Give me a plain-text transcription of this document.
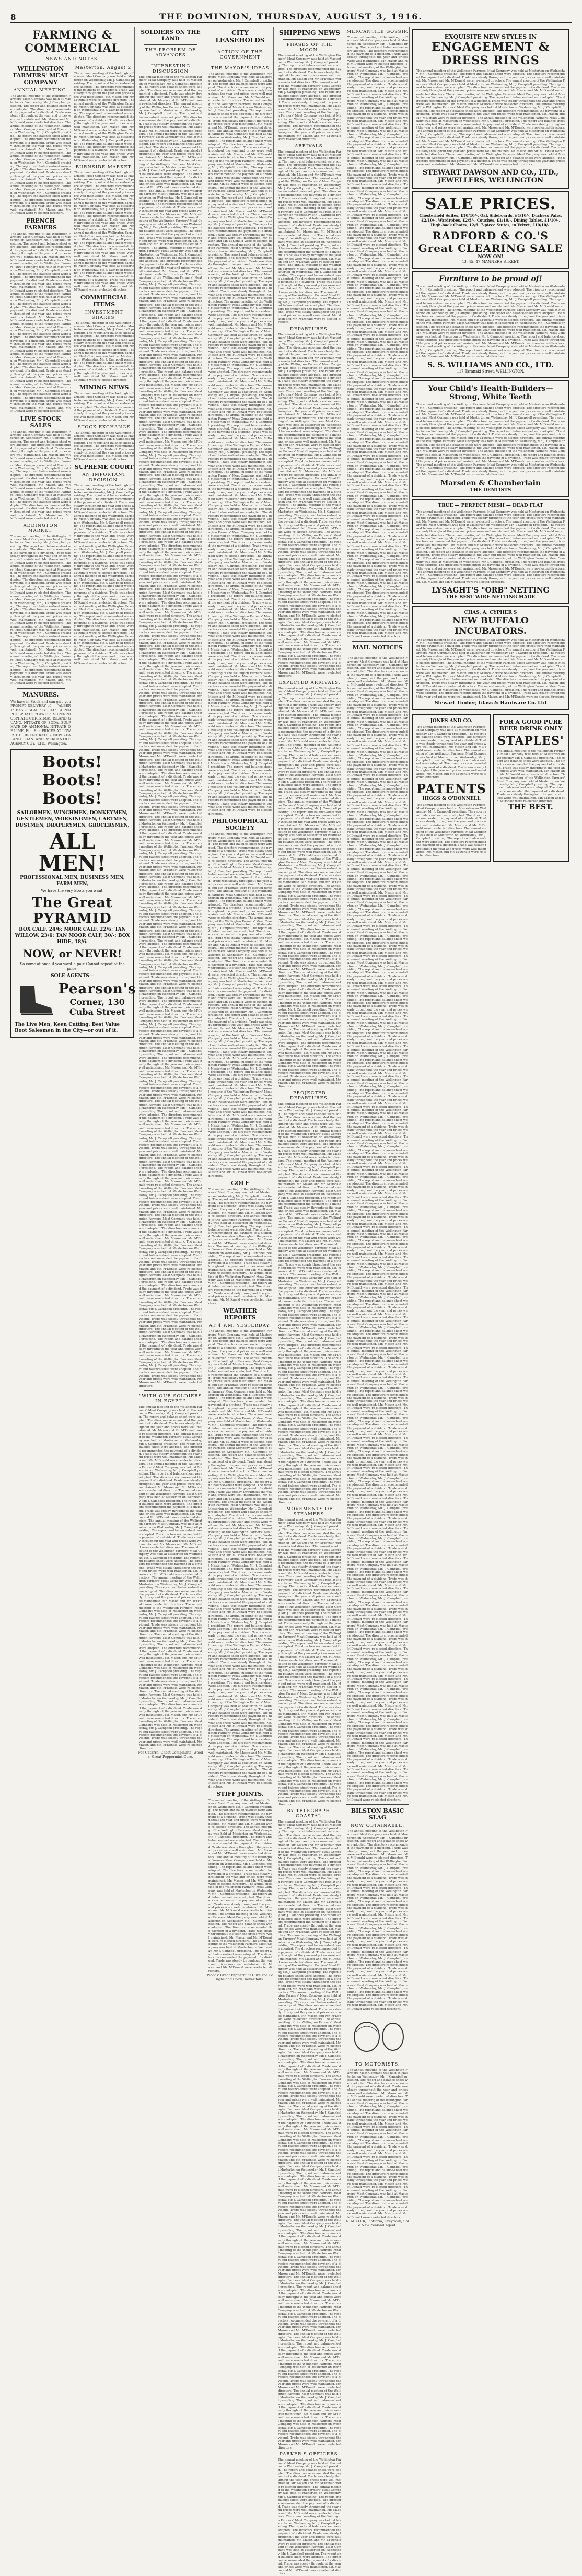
8	THE DOMINION, THURSDAY, AUGUST 3, 1916.
FARMING & COMMERCIAL
NEWS AND NOTES.
WELLINGTON FARMERS' MEAT COMPANY
ANNUAL MEETING.
The annual meeting of the Wellington Farmers' Meat Company was held at Masterton on Wednesday, Mr. J. Campbell presiding. The report and balance-sheet were adopted. The directors recommended the payment of a dividend. Trade was steady throughout the year and prices were well maintained. Mr. Mason and Mr. M'Donald were re-elected directors. The annual meeting of the Wellington Farmers' Meat Company was held at Masterton on Wednesday, Mr. J. Campbell presiding. The report and balance-sheet were adopted. The directors recommended the payment of a dividend. Trade was steady throughout the year and prices were well maintained. Mr. Mason and Mr. M'Donald were re-elected directors. The annual meeting of the Wellington Farmers' Meat Company was held at Masterton on Wednesday, Mr. J. Campbell presiding. The report and balance-sheet were adopted. The directors recommended the payment of a dividend. Trade was steady throughout the year and prices were well maintained. Mr. Mason and Mr. M'Donald were re-elected directors. The annual meeting of the Wellington Farmers' Meat Company was held at Masterton on Wednesday, Mr. J. Campbell presiding. The report and balance-sheet were adopted. The directors recommended the payment of a dividend. Trade was steady throughout the year and prices were well maintained. Mr. Mason and Mr. M'Donald were re-elected directors.
FRENCH FARMERS
The annual meeting of the Wellington Farmers' Meat Company was held at Masterton on Wednesday, Mr. J. Campbell presiding. The report and balance-sheet were adopted. The directors recommended the payment of a dividend. Trade was steady throughout the year and prices were well maintained. Mr. Mason and Mr. M'Donald were re-elected directors. The annual meeting of the Wellington Farmers' Meat Company was held at Masterton on Wednesday, Mr. J. Campbell presiding. The report and balance-sheet were adopted. The directors recommended the payment of a dividend. Trade was steady throughout the year and prices were well maintained. Mr. Mason and Mr. M'Donald were re-elected directors. The annual meeting of the Wellington Farmers' Meat Company was held at Masterton on Wednesday, Mr. J. Campbell presiding. The report and balance-sheet were adopted. The directors recommended the payment of a dividend. Trade was steady throughout the year and prices were well maintained. Mr. Mason and Mr. M'Donald were re-elected directors. The annual meeting of the Wellington Farmers' Meat Company was held at Masterton on Wednesday, Mr. J. Campbell presiding. The report and balance-sheet were adopted. The directors recommended the payment of a dividend. Trade was steady throughout the year and prices were well maintained. Mr. Mason and Mr. M'Donald were re-elected directors. The annual meeting of the Wellington Farmers' Meat Company was held at Masterton on Wednesday, Mr. J. Campbell presiding. The report and balance-sheet were adopted. The directors recommended the payment of a dividend. Trade was steady throughout the year and prices were well maintained. Mr. Mason and Mr. M'Donald were re-elected directors. The annual meeting of the Wellington Farmers' Meat Company was held at Masterton on Wednesday, Mr. J. Campbell presiding. The report and balance-sheet were adopted. The directors recommended the payment of a dividend. Trade was steady throughout the year and prices were well maintained. Mr. Mason and Mr. M'Donald were re-elected directors.
LIVE STOCK SALES
The annual meeting of the Wellington Farmers' Meat Company was held at Masterton on Wednesday, Mr. J. Campbell presiding. The report and balance-sheet were adopted. The directors recommended the payment of a dividend. Trade was steady throughout the year and prices were well maintained. Mr. Mason and Mr. M'Donald were re-elected directors. The annual meeting of the Wellington Farmers' Meat Company was held at Masterton on Wednesday, Mr. J. Campbell presiding. The report and balance-sheet were adopted. The directors recommended the payment of a dividend. Trade was steady throughout the year and prices were well maintained. Mr. Mason and Mr. M'Donald were re-elected directors. The annual meeting of the Wellington Farmers' Meat Company was held at Masterton on Wednesday, Mr. J. Campbell presiding. The report and balance-sheet were adopted. The directors recommended the payment of a dividend. Trade was steady throughout the year and prices were well maintained. Mr. Mason and Mr. M'Donald were re-elected directors.
ADDINGTON MARKET.
The annual meeting of the Wellington Farmers' Meat Company was held at Masterton on Wednesday, Mr. J. Campbell presiding. The report and balance-sheet were adopted. The directors recommended the payment of a dividend. Trade was steady throughout the year and prices were well maintained. Mr. Mason and Mr. M'Donald were re-elected directors. The annual meeting of the Wellington Farmers' Meat Company was held at Masterton on Wednesday, Mr. J. Campbell presiding. The report and balance-sheet were adopted. The directors recommended the payment of a dividend. Trade was steady throughout the year and prices were well maintained. Mr. Mason and Mr. M'Donald were re-elected directors. The annual meeting of the Wellington Farmers' Meat Company was held at Masterton on Wednesday, Mr. J. Campbell presiding. The report and balance-sheet were adopted. The directors recommended the payment of a dividend. Trade was steady throughout the year and prices were well maintained. Mr. Mason and Mr. M'Donald were re-elected directors. The annual meeting of the Wellington Farmers' Meat Company was held at Masterton on Wednesday, Mr. J. Campbell presiding. The report and balance-sheet were adopted. The directors recommended the payment of a dividend. Trade was steady throughout the year and prices were well maintained. Mr. Mason and Mr. M'Donald were re-elected directors. The annual meeting of the Wellington Farmers' Meat Company was held at Masterton on Wednesday, Mr. J. Campbell presiding. The report and balance-sheet were adopted. The directors recommended the payment of a dividend. Trade was steady throughout the year and prices were well maintained. Mr. Mason and Mr. M'Donald were re-elected directors.
MANURES.
We have in Stock and can give you PROMPT DELIVERY of — "ALBERT" BASIC SLAG "LYSELL" SUPERPHOSPHATE "LAWES" SUPERPHOSPHATE CHRISTMAS ISLAND GUANO. NITRATE OF SODA. SULPHATE OF AMMONIA. NITRATE OF LIME, Etc. Etc. PRICES AT LOWEST CURRENT RATES. NEW ZEALAND LOAN AND MERCANTILE AGENCY COY., LTD., Wellington.
Masterton, August 2.
The annual meeting of the Wellington Farmers' Meat Company was held at Masterton on Wednesday, Mr. J. Campbell presiding. The report and balance-sheet were adopted. The directors recommended the payment of a dividend. Trade was steady throughout the year and prices were well maintained. Mr. Mason and Mr. M'Donald were re-elected directors. The annual meeting of the Wellington Farmers' Meat Company was held at Masterton on Wednesday, Mr. J. Campbell presiding. The report and balance-sheet were adopted. The directors recommended the payment of a dividend. Trade was steady throughout the year and prices were well maintained. Mr. Mason and Mr. M'Donald were re-elected directors. The annual meeting of the Wellington Farmers' Meat Company was held at Masterton on Wednesday, Mr. J. Campbell presiding. The report and balance-sheet were adopted. The directors recommended the payment of a dividend. Trade was steady throughout the year and prices were well maintained. Mr. Mason and Mr. M'Donald were re-elected directors.
BURNSIDE MARKET.
The annual meeting of the Wellington Farmers' Meat Company was held at Masterton on Wednesday, Mr. J. Campbell presiding. The report and balance-sheet were adopted. The directors recommended the payment of a dividend. Trade was steady throughout the year and prices were well maintained. Mr. Mason and Mr. M'Donald were re-elected directors. The annual meeting of the Wellington Farmers' Meat Company was held at Masterton on Wednesday, Mr. J. Campbell presiding. The report and balance-sheet were adopted. The directors recommended the payment of a dividend. Trade was steady throughout the year and prices were well maintained. Mr. Mason and Mr. M'Donald were re-elected directors. The annual meeting of the Wellington Farmers' Meat Company was held at Masterton on Wednesday, Mr. J. Campbell presiding. The report and balance-sheet were adopted. The directors recommended the payment of a dividend. Trade was steady throughout the year and prices were well maintained. Mr. Mason and Mr. M'Donald were re-elected directors. The annual meeting of the Wellington Farmers' Meat Company was held at Masterton on Wednesday, Mr. J. Campbell presiding. The report and balance-sheet were adopted. The directors recommended the payment of a dividend. Trade was steady throughout the year and prices were well maintained. Mr. Mason and Mr. M'Donald were re-elected directors.
COMMERCIAL ITEMS
INVESTMENT SHARES.
The annual meeting of the Wellington Farmers' Meat Company was held at Masterton on Wednesday, Mr. J. Campbell presiding. The report and balance-sheet were adopted. The directors recommended the payment of a dividend. Trade was steady throughout the year and prices were well maintained. Mr. Mason and Mr. M'Donald were re-elected directors. The annual meeting of the Wellington Farmers' Meat Company was held at Masterton on Wednesday, Mr. J. Campbell presiding. The report and balance-sheet were adopted. The directors recommended the payment of a dividend. Trade was steady throughout the year and prices were well maintained. Mr. Mason and Mr. M'Donald were re-elected directors.
MINING NEWS
The annual meeting of the Wellington Farmers' Meat Company was held at Masterton on Wednesday, Mr. J. Campbell presiding. The report and balance-sheet were adopted. The directors recommended the payment of a dividend. Trade was steady throughout the year and prices were well maintained. Mr. Mason and Mr. M'Donald were re-elected directors.
STOCK EXCHANGE
The annual meeting of the Wellington Farmers' Meat Company was held at Masterton on Wednesday, Mr. J. Campbell presiding. The report and balance-sheet were adopted. The directors recommended the payment of a dividend. Trade was steady throughout the year and prices were well maintained. Mr. Mason and Mr. M'Donald were re-elected directors.
SUPREME COURT
AN IMPORTANT DECISION.
The annual meeting of the Wellington Farmers' Meat Company was held at Masterton on Wednesday, Mr. J. Campbell presiding. The report and balance-sheet were adopted. The directors recommended the payment of a dividend. Trade was steady throughout the year and prices were well maintained. Mr. Mason and Mr. M'Donald were re-elected directors. The annual meeting of the Wellington Farmers' Meat Company was held at Masterton on Wednesday, Mr. J. Campbell presiding. The report and balance-sheet were adopted. The directors recommended the payment of a dividend. Trade was steady throughout the year and prices were well maintained. Mr. Mason and Mr. M'Donald were re-elected directors. The annual meeting of the Wellington Farmers' Meat Company was held at Masterton on Wednesday, Mr. J. Campbell presiding. The report and balance-sheet were adopted. The directors recommended the payment of a dividend. Trade was steady throughout the year and prices were well maintained. Mr. Mason and Mr. M'Donald were re-elected directors. The annual meeting of the Wellington Farmers' Meat Company was held at Masterton on Wednesday, Mr. J. Campbell presiding. The report and balance-sheet were adopted. The directors recommended the payment of a dividend. Trade was steady throughout the year and prices were well maintained. Mr. Mason and Mr. M'Donald were re-elected directors. The annual meeting of the Wellington Farmers' Meat Company was held at Masterton on Wednesday, Mr. J. Campbell presiding. The report and balance-sheet were adopted. The directors recommended the payment of a dividend. Trade was steady throughout the year and prices were well maintained. Mr. Mason and Mr. M'Donald were re-elected directors. The annual meeting of the Wellington Farmers' Meat Company was held at Masterton on Wednesday, Mr. J. Campbell presiding. The report and balance-sheet were adopted. The directors recommended the payment of a dividend. Trade was steady throughout the year and prices were well maintained. Mr. Mason and Mr. M'Donald were re-elected directors.
Boots! Boots! Boots!
SAILORMEN, WINCHMEN, DONKEYMEN, GENTLEMEN, WORKINGMEN, CARTMEN, DUSTMEN, DRAPERYMEN, GROCERYMEN,
ALL MEN!
PROFESSIONAL MEN, BUSINESS MEN, FARM MEN,
We have the very Boots you want.
The Great PYRAMID
BOX CALF, 24/6; MOOR CALF, 22/6; TAN WILLOW, 23/6; TAN MOOR CALF, 30/-; BOX HIDE, 18/6.
NOW, or NEVER!
So come at once if you want a pair. Cannot repeat at the price.
SOLE AGENTS—
Pearson's
Corner, 130 Cuba Street
The Live Men, Keen Cutting, Best Value Boot Salesmen in the City—or out of it.
SOLDIERS ON THE LAND
THE PROBLEM OF ADVANCES
INTERESTING DISCUSSION
The annual meeting of the Wellington Farmers' Meat Company was held at Masterton on Wednesday, Mr. J. Campbell presiding. The report and balance-sheet were adopted. The directors recommended the payment of a dividend. Trade was steady throughout the year and prices were well maintained. Mr. Mason and Mr. M'Donald were re-elected directors. The annual meeting of the Wellington Farmers' Meat Company was held at Masterton on Wednesday, Mr. J. Campbell presiding. The report and balance-sheet were adopted. The directors recommended the payment of a dividend. Trade was steady throughout the year and prices were well maintained. Mr. Mason and Mr. M'Donald were re-elected directors. The annual meeting of the Wellington Farmers' Meat Company was held at Masterton on Wednesday, Mr. J. Campbell presiding. The report and balance-sheet were adopted. The directors recommended the payment of a dividend. Trade was steady throughout the year and prices were well maintained. Mr. Mason and Mr. M'Donald were re-elected directors. The annual meeting of the Wellington Farmers' Meat Company was held at Masterton on Wednesday, Mr. J. Campbell presiding. The report and balance-sheet were adopted. The directors recommended the payment of a dividend. Trade was steady throughout the year and prices were well maintained. Mr. Mason and Mr. M'Donald were re-elected directors. The annual meeting of the Wellington Farmers' Meat Company was held at Masterton on Wednesday, Mr. J. Campbell presiding. The report and balance-sheet were adopted. The directors recommended the payment of a dividend. Trade was steady throughout the year and prices were well maintained. Mr. Mason and Mr. M'Donald were re-elected directors. The annual meeting of the Wellington Farmers' Meat Company was held at Masterton on Wednesday, Mr. J. Campbell presiding. The report and balance-sheet were adopted. The directors recommended the payment of a dividend. Trade was steady throughout the year and prices were well maintained. Mr. Mason and Mr. M'Donald were re-elected directors. The annual meeting of the Wellington Farmers' Meat Company was held at Masterton on Wednesday, Mr. J. Campbell presiding. The report and balance-sheet were adopted. The directors recommended the payment of a dividend. Trade was steady throughout the year and prices were well maintained. Mr. Mason and Mr. M'Donald were re-elected directors. The annual meeting of the Wellington Farmers' Meat Company was held at Masterton on Wednesday, Mr. J. Campbell presiding. The report and balance-sheet were adopted. The directors recommended the payment of a dividend. Trade was steady throughout the year and prices were well maintained. Mr. Mason and Mr. M'Donald were re-elected directors. The annual meeting of the Wellington Farmers' Meat Company was held at Masterton on Wednesday, Mr. J. Campbell presiding. The report and balance-sheet were adopted. The directors recommended the payment of a dividend. Trade was steady throughout the year and prices were well maintained. Mr. Mason and Mr. M'Donald were re-elected directors. The annual meeting of the Wellington Farmers' Meat Company was held at Masterton on Wednesday, Mr. J. Campbell presiding. The report and balance-sheet were adopted. The directors recommended the payment of a dividend. Trade was steady throughout the year and prices were well maintained. Mr. Mason and Mr. M'Donald were re-elected directors. The annual meeting of the Wellington Farmers' Meat Company was held at Masterton on Wednesday, Mr. J. Campbell presiding. The report and balance-sheet were adopted. The directors recommended the payment of a dividend. Trade was steady throughout the year and prices were well maintained. Mr. Mason and Mr. M'Donald were re-elected directors. The annual meeting of the Wellington Farmers' Meat Company was held at Masterton on Wednesday, Mr. J. Campbell presiding. The report and balance-sheet were adopted. The directors recommended the payment of a dividend. Trade was steady throughout the year and prices were well maintained. Mr. Mason and Mr. M'Donald were re-elected directors. The annual meeting of the Wellington Farmers' Meat Company was held at Masterton on Wednesday, Mr. J. Campbell presiding. The report and balance-sheet were adopted. The directors recommended the payment of a dividend. Trade was steady throughout the year and prices were well maintained. Mr. Mason and Mr. M'Donald were re-elected directors. The annual meeting of the Wellington Farmers' Meat Company was held at Masterton on Wednesday, Mr. J. Campbell presiding. The report and balance-sheet were adopted. The directors recommended the payment of a dividend. Trade was steady throughout the year and prices were well maintained. Mr. Mason and Mr. M'Donald were re-elected directors. The annual meeting of the Wellington Farmers' Meat Company was held at Masterton on Wednesday, Mr. J. Campbell presiding. The report and balance-sheet were adopted. The directors recommended the payment of a dividend. Trade was steady throughout the year and prices were well maintained. Mr. Mason and Mr. M'Donald were re-elected directors. The annual meeting of the Wellington Farmers' Meat Company was held at Masterton on Wednesday, Mr. J. Campbell presiding. The report and balance-sheet were adopted. The directors recommended the payment of a dividend. Trade was steady throughout the year and prices were well maintained. Mr. Mason and Mr. M'Donald were re-elected directors. The annual meeting of the Wellington Farmers' Meat Company was held at Masterton on Wednesday, Mr. J. Campbell presiding. The report and balance-sheet were adopted. The directors recommended the payment of a dividend. Trade was steady throughout the year and prices were well maintained. Mr. Mason and Mr. M'Donald were re-elected directors. The annual meeting of the Wellington Farmers' Meat Company was held at Masterton on Wednesday, Mr. J. Campbell presiding. The report and balance-sheet were adopted. The directors recommended the payment of a dividend. Trade was steady throughout the year and prices were well maintained. Mr. Mason and Mr. M'Donald were re-elected directors. The annual meeting of the Wellington Farmers' Meat Company was held at Masterton on Wednesday, Mr. J. Campbell presiding. The report and balance-sheet were adopted. The directors recommended the payment of a dividend. Trade was steady throughout the year and prices were well maintained. Mr. Mason and Mr. M'Donald were re-elected directors. The annual meeting of the Wellington Farmers' Meat Company was held at Masterton on Wednesday, Mr. J. Campbell presiding. The report and balance-sheet were adopted. The directors recommended the payment of a dividend. Trade was steady throughout the year and prices were well maintained. Mr. Mason and Mr. M'Donald were re-elected directors. The annual meeting of the Wellington Farmers' Meat Company was held at Masterton on Wednesday, Mr. J. Campbell presiding. The report and balance-sheet were adopted. The directors recommended the payment of a dividend. Trade was steady throughout the year and prices were well maintained. Mr. Mason and Mr. M'Donald were re-elected directors. The annual meeting of the Wellington Farmers' Meat Company was held at Masterton on Wednesday, Mr. J. Campbell presiding. The report and balance-sheet were adopted. The directors recommended the payment of a dividend. Trade was steady throughout the year and prices were well maintained. Mr. Mason and Mr. M'Donald were re-elected directors. The annual meeting of the Wellington Farmers' Meat Company was held at Masterton on Wednesday, Mr. J. Campbell presiding. The report and balance-sheet were adopted. The directors recommended the payment of a dividend. Trade was steady throughout the year and prices were well maintained. Mr. Mason and Mr. M'Donald were re-elected directors. The annual meeting of the Wellington Farmers' Meat Company was held at Masterton on Wednesday, Mr. J. Campbell presiding. The report and balance-sheet were adopted. The directors recommended the payment of a dividend. Trade was steady throughout the year and prices were well maintained. Mr. Mason and Mr. M'Donald were re-elected directors. The annual meeting of the Wellington Farmers' Meat Company was held at Masterton on Wednesday, Mr. J. Campbell presiding. The report and balance-sheet were adopted. The directors recommended the payment of a dividend. Trade was steady throughout the year and prices were well maintained. Mr. Mason and Mr. M'Donald were re-elected directors. The annual meeting of the Wellington Farmers' Meat Company was held at Masterton on Wednesday, Mr. J. Campbell presiding. The report and balance-sheet were adopted. The directors recommended the payment of a dividend. Trade was steady throughout the year and prices were well maintained. Mr. Mason and Mr. M'Donald were re-elected directors. The annual meeting of the Wellington Farmers' Meat Company was held at Masterton on Wednesday, Mr. J. Campbell presiding. The report and balance-sheet were adopted. The directors recommended the payment of a dividend. Trade was steady throughout the year and prices were well maintained. Mr. Mason and Mr. M'Donald were re-elected directors. The annual meeting of the Wellington Farmers' Meat Company was held at Masterton on Wednesday, Mr. J. Campbell presiding. The report and balance-sheet were adopted. The directors recommended the payment of a dividend. Trade was steady throughout the year and prices were well maintained. Mr. Mason and Mr. M'Donald were re-elected directors. The annual meeting of the Wellington Farmers' Meat Company was held at Masterton on Wednesday, Mr. J. Campbell presiding. The report and balance-sheet were adopted. The directors recommended the payment of a dividend. Trade was steady throughout the year and prices were well maintained. Mr. Mason and Mr. M'Donald were re-elected directors. The annual meeting of the Wellington Farmers' Meat Company was held at Masterton on Wednesday, Mr. J. Campbell presiding. The report and balance-sheet were adopted. The directors recommended the payment of a dividend. Trade was steady throughout the year and prices were well maintained. Mr. Mason and Mr. M'Donald were re-elected directors. The annual meeting of the Wellington Farmers' Meat Company was held at Masterton on Wednesday, Mr. J. Campbell presiding. The report and balance-sheet were adopted. The directors recommended the payment of a dividend. Trade was steady throughout the year and prices were well maintained. Mr. Mason and Mr. M'Donald were re-elected directors. The annual meeting of the Wellington Farmers' Meat Company was held at Masterton on Wednesday, Mr. J. Campbell presiding. The report and balance-sheet were adopted. The directors recommended the payment of a dividend. Trade was steady throughout the year and prices were well maintained. Mr. Mason and Mr. M'Donald were re-elected directors. The annual meeting of the Wellington Farmers' Meat Company was held at Masterton on Wednesday, Mr. J. Campbell presiding. The report and balance-sheet were adopted. The directors recommended the payment of a dividend. Trade was steady throughout the year and prices were well maintained. Mr. Mason and Mr. M'Donald were re-elected directors. The annual meeting of the Wellington Farmers' Meat Company was held at Masterton on Wednesday, Mr. J. Campbell presiding. The report and balance-sheet were adopted. The directors recommended the payment of a dividend. Trade was steady throughout the year and prices were well maintained. Mr. Mason and Mr. M'Donald were re-elected directors. The annual meeting of the Wellington Farmers' Meat Company was held at Masterton on Wednesday, Mr. J. Campbell presiding. The report and balance-sheet were adopted. The directors recommended the payment of a dividend. Trade was steady throughout the year and prices were well maintained. Mr. Mason and Mr. M'Donald were re-elected directors. The annual meeting of the Wellington Farmers' Meat Company was held at Masterton on Wednesday, Mr. J. Campbell presiding. The report and balance-sheet were adopted. The directors recommended the payment of a dividend. Trade was steady throughout the year and prices were well maintained. Mr. Mason and Mr. M'Donald were re-elected directors. The annual meeting of the Wellington Farmers' Meat Company was held at Masterton on Wednesday, Mr. J. Campbell presiding. The report and balance-sheet were adopted. The directors recommended the payment of a dividend. Trade was steady throughout the year and prices were well maintained. Mr. Mason and Mr. M'Donald were re-elected directors. The annual meeting of the Wellington Farmers' Meat Company was held at Masterton on Wednesday, Mr. J. Campbell presiding. The report and balance-sheet were adopted. The directors recommended the payment of a dividend. Trade was steady throughout the year and prices were well maintained. Mr. Mason and Mr. M'Donald were re-elected directors. The annual meeting of the Wellington Farmers' Meat Company was held at Masterton on Wednesday, Mr. J. Campbell presiding. The report and balance-sheet were adopted. The directors recommended the payment of a dividend. Trade was steady throughout the year and prices were well maintained. Mr. Mason and Mr. M'Donald were re-elected directors. The annual meeting of the Wellington Farmers' Meat Company was held at Masterton on Wednesday, Mr. J. Campbell presiding. The report and balance-sheet were adopted. The directors recommended the payment of a dividend. Trade was steady throughout the year and prices were well maintained. Mr. Mason and Mr. M'Donald were re-elected directors. The annual meeting of the Wellington Farmers' Meat Company was held at Masterton on Wednesday, Mr. J. Campbell presiding. The report and balance-sheet were adopted. The directors recommended the payment of a dividend. Trade was steady throughout the year and prices were well maintained. Mr. Mason and Mr. M'Donald were re-elected directors. The annual meeting of the Wellington Farmers' Meat Company was held at Masterton on Wednesday, Mr. J. Campbell presiding. The report and balance-sheet were adopted. The directors recommended the payment of a dividend. Trade was steady throughout the year and prices were well maintained. Mr. Mason and Mr. M'Donald were re-elected directors. The annual meeting of the Wellington Farmers' Meat Company was held at Masterton on Wednesday, Mr. J. Campbell presiding. The report and balance-sheet were adopted. The directors recommended the payment of a dividend. Trade was steady throughout the year and prices were well maintained. Mr. Mason and Mr. M'Donald were re-elected directors. The annual meeting of the Wellington Farmers' Meat Company was held at Masterton on Wednesday, Mr. J. Campbell presiding. The report and balance-sheet were adopted. The directors recommended the payment of a dividend. Trade was steady throughout the year and prices were well maintained. Mr. Mason and Mr. M'Donald were re-elected directors. The annual meeting of the Wellington Farmers' Meat Company was held at Masterton on Wednesday, Mr. J. Campbell presiding. The report and balance-sheet were adopted. The directors recommended the payment of a dividend. Trade was steady throughout the year and prices were well maintained. Mr. Mason and Mr. M'Donald were re-elected directors. The annual meeting of the Wellington Farmers' Meat Company was held at Masterton on Wednesday, Mr. J. Campbell presiding. The report and balance-sheet were adopted. The directors recommended the payment of a dividend. Trade was steady throughout the year and prices were well maintained. Mr. Mason and Mr. M'Donald were re-elected directors.
"WITH OUR SOLDIERS IN EGYPT."
The annual meeting of the Wellington Farmers' Meat Company was held at Masterton on Wednesday, Mr. J. Campbell presiding. The report and balance-sheet were adopted. The directors recommended the payment of a dividend. Trade was steady throughout the year and prices were well maintained. Mr. Mason and Mr. M'Donald were re-elected directors. The annual meeting of the Wellington Farmers' Meat Company was held at Masterton on Wednesday, Mr. J. Campbell presiding. The report and balance-sheet were adopted. The directors recommended the payment of a dividend. Trade was steady throughout the year and prices were well maintained. Mr. Mason and Mr. M'Donald were re-elected directors. The annual meeting of the Wellington Farmers' Meat Company was held at Masterton on Wednesday, Mr. J. Campbell presiding. The report and balance-sheet were adopted. The directors recommended the payment of a dividend. Trade was steady throughout the year and prices were well maintained. Mr. Mason and Mr. M'Donald were re-elected directors. The annual meeting of the Wellington Farmers' Meat Company was held at Masterton on Wednesday, Mr. J. Campbell presiding. The report and balance-sheet were adopted. The directors recommended the payment of a dividend. Trade was steady throughout the year and prices were well maintained. Mr. Mason and Mr. M'Donald were re-elected directors. The annual meeting of the Wellington Farmers' Meat Company was held at Masterton on Wednesday, Mr. J. Campbell presiding. The report and balance-sheet were adopted. The directors recommended the payment of a dividend. Trade was steady throughout the year and prices were well maintained. Mr. Mason and Mr. M'Donald were re-elected directors. The annual meeting of the Wellington Farmers' Meat Company was held at Masterton on Wednesday, Mr. J. Campbell presiding. The report and balance-sheet were adopted. The directors recommended the payment of a dividend. Trade was steady throughout the year and prices were well maintained. Mr. Mason and Mr. M'Donald were re-elected directors. The annual meeting of the Wellington Farmers' Meat Company was held at Masterton on Wednesday, Mr. J. Campbell presiding. The report and balance-sheet were adopted. The directors recommended the payment of a dividend. Trade was steady throughout the year and prices were well maintained. Mr. Mason and Mr. M'Donald were re-elected directors. The annual meeting of the Wellington Farmers' Meat Company was held at Masterton on Wednesday, Mr. J. Campbell presiding. The report and balance-sheet were adopted. The directors recommended the payment of a dividend. Trade was steady throughout the year and prices were well maintained. Mr. Mason and Mr. M'Donald were re-elected directors. The annual meeting of the Wellington Farmers' Meat Company was held at Masterton on Wednesday, Mr. J. Campbell presiding. The report and balance-sheet were adopted. The directors recommended the payment of a dividend. Trade was steady throughout the year and prices were well maintained. Mr. Mason and Mr. M'Donald were re-elected directors. The annual meeting of the Wellington Farmers' Meat Company was held at Masterton on Wednesday, Mr. J. Campbell presiding. The report and balance-sheet were adopted. The directors recommended the payment of a dividend. Trade was steady throughout the year and prices were well maintained. Mr. Mason and Mr. M'Donald were re-elected directors. The annual meeting of the Wellington Farmers' Meat Company was held at Masterton on Wednesday, Mr. J. Campbell presiding. The report and balance-sheet were adopted. The directors recommended the payment of a dividend. Trade was steady throughout the year and prices were well maintained. Mr. Mason and Mr. M'Donald were re-elected directors. The annual meeting of the Wellington Farmers' Meat Company was held at Masterton on Wednesday, Mr. J. Campbell presiding. The report and balance-sheet were adopted. The directors recommended the payment of a dividend. Trade was steady throughout the year and prices were well maintained. Mr. Mason and Mr. M'Donald were re-elected directors.
For Catarrh, Chest Complaints, Woods' Great Peppermint Cure.
CITY LEASEHOLDS
ACTION OF THE GOVERNMENT
THE MAYOR'S IDEAS
The annual meeting of the Wellington Farmers' Meat Company was held at Masterton on Wednesday, Mr. J. Campbell presiding. The report and balance-sheet were adopted. The directors recommended the payment of a dividend. Trade was steady throughout the year and prices were well maintained. Mr. Mason and Mr. M'Donald were re-elected directors. The annual meeting of the Wellington Farmers' Meat Company was held at Masterton on Wednesday, Mr. J. Campbell presiding. The report and balance-sheet were adopted. The directors recommended the payment of a dividend. Trade was steady throughout the year and prices were well maintained. Mr. Mason and Mr. M'Donald were re-elected directors. The annual meeting of the Wellington Farmers' Meat Company was held at Masterton on Wednesday, Mr. J. Campbell presiding. The report and balance-sheet were adopted. The directors recommended the payment of a dividend. Trade was steady throughout the year and prices were well maintained. Mr. Mason and Mr. M'Donald were re-elected directors. The annual meeting of the Wellington Farmers' Meat Company was held at Masterton on Wednesday, Mr. J. Campbell presiding. The report and balance-sheet were adopted. The directors recommended the payment of a dividend. Trade was steady throughout the year and prices were well maintained. Mr. Mason and Mr. M'Donald were re-elected directors. The annual meeting of the Wellington Farmers' Meat Company was held at Masterton on Wednesday, Mr. J. Campbell presiding. The report and balance-sheet were adopted. The directors recommended the payment of a dividend. Trade was steady throughout the year and prices were well maintained. Mr. Mason and Mr. M'Donald were re-elected directors. The annual meeting of the Wellington Farmers' Meat Company was held at Masterton on Wednesday, Mr. J. Campbell presiding. The report and balance-sheet were adopted. The directors recommended the payment of a dividend. Trade was steady throughout the year and prices were well maintained. Mr. Mason and Mr. M'Donald were re-elected directors. The annual meeting of the Wellington Farmers' Meat Company was held at Masterton on Wednesday, Mr. J. Campbell presiding. The report and balance-sheet were adopted. The directors recommended the payment of a dividend. Trade was steady throughout the year and prices were well maintained. Mr. Mason and Mr. M'Donald were re-elected directors. The annual meeting of the Wellington Farmers' Meat Company was held at Masterton on Wednesday, Mr. J. Campbell presiding. The report and balance-sheet were adopted. The directors recommended the payment of a dividend. Trade was steady throughout the year and prices were well maintained. Mr. Mason and Mr. M'Donald were re-elected directors. The annual meeting of the Wellington Farmers' Meat Company was held at Masterton on Wednesday, Mr. J. Campbell presiding. The report and balance-sheet were adopted. The directors recommended the payment of a dividend. Trade was steady throughout the year and prices were well maintained. Mr. Mason and Mr. M'Donald were re-elected directors. The annual meeting of the Wellington Farmers' Meat Company was held at Masterton on Wednesday, Mr. J. Campbell presiding. The report and balance-sheet were adopted. The directors recommended the payment of a dividend. Trade was steady throughout the year and prices were well maintained. Mr. Mason and Mr. M'Donald were re-elected directors. The annual meeting of the Wellington Farmers' Meat Company was held at Masterton on Wednesday, Mr. J. Campbell presiding. The report and balance-sheet were adopted. The directors recommended the payment of a dividend. Trade was steady throughout the year and prices were well maintained. Mr. Mason and Mr. M'Donald were re-elected directors. The annual meeting of the Wellington Farmers' Meat Company was held at Masterton on Wednesday, Mr. J. Campbell presiding. The report and balance-sheet were adopted. The directors recommended the payment of a dividend. Trade was steady throughout the year and prices were well maintained. Mr. Mason and Mr. M'Donald were re-elected directors. The annual meeting of the Wellington Farmers' Meat Company was held at Masterton on Wednesday, Mr. J. Campbell presiding. The report and balance-sheet were adopted. The directors recommended the payment of a dividend. Trade was steady throughout the year and prices were well maintained. Mr. Mason and Mr. M'Donald were re-elected directors. The annual meeting of the Wellington Farmers' Meat Company was held at Masterton on Wednesday, Mr. J. Campbell presiding. The report and balance-sheet were adopted. The directors recommended the payment of a dividend. Trade was steady throughout the year and prices were well maintained. Mr. Mason and Mr. M'Donald were re-elected directors. The annual meeting of the Wellington Farmers' Meat Company was held at Masterton on Wednesday, Mr. J. Campbell presiding. The report and balance-sheet were adopted. The directors recommended the payment of a dividend. Trade was steady throughout the year and prices were well maintained. Mr. Mason and Mr. M'Donald were re-elected directors. The annual meeting of the Wellington Farmers' Meat Company was held at Masterton on Wednesday, Mr. J. Campbell presiding. The report and balance-sheet were adopted. The directors recommended the payment of a dividend. Trade was steady throughout the year and prices were well maintained. Mr. Mason and Mr. M'Donald were re-elected directors. The annual meeting of the Wellington Farmers' Meat Company was held at Masterton on Wednesday, Mr. J. Campbell presiding. The report and balance-sheet were adopted. The directors recommended the payment of a dividend. Trade was steady throughout the year and prices were well maintained. Mr. Mason and Mr. M'Donald were re-elected directors. The annual meeting of the Wellington Farmers' Meat Company was held at Masterton on Wednesday, Mr. J. Campbell presiding. The report and balance-sheet were adopted. The directors recommended the payment of a dividend. Trade was steady throughout the year and prices were well maintained. Mr. Mason and Mr. M'Donald were re-elected directors. The annual meeting of the Wellington Farmers' Meat Company was held at Masterton on Wednesday, Mr. J. Campbell presiding. The report and balance-sheet were adopted. The directors recommended the payment of a dividend. Trade was steady throughout the year and prices were well maintained. Mr. Mason and Mr. M'Donald were re-elected directors. The annual meeting of the Wellington Farmers' Meat Company was held at Masterton on Wednesday, Mr. J. Campbell presiding. The report and balance-sheet were adopted. The directors recommended the payment of a dividend. Trade was steady throughout the year and prices were well maintained. Mr. Mason and Mr. M'Donald were re-elected directors. The annual meeting of the Wellington Farmers' Meat Company was held at Masterton on Wednesday, Mr. J. Campbell presiding. The report and balance-sheet were adopted. The directors recommended the payment of a dividend. Trade was steady throughout the year and prices were well maintained. Mr. Mason and Mr. M'Donald were re-elected directors. The annual meeting of the Wellington Farmers' Meat Company was held at Masterton on Wednesday, Mr. J. Campbell presiding. The report and balance-sheet were adopted. The directors recommended the payment of a dividend. Trade was steady throughout the year and prices were well maintained. Mr. Mason and Mr. M'Donald were re-elected directors. The annual meeting of the Wellington Farmers' Meat Company was held at Masterton on Wednesday, Mr. J. Campbell presiding. The report and balance-sheet were adopted. The directors recommended the payment of a dividend. Trade was steady throughout the year and prices were well maintained. Mr. Mason and Mr. M'Donald were re-elected directors. The annual meeting of the Wellington Farmers' Meat Company was held at Masterton on Wednesday, Mr. J. Campbell presiding. The report and balance-sheet were adopted. The directors recommended the payment of a dividend. Trade was steady throughout the year and prices were well maintained. Mr. Mason and Mr. M'Donald were re-elected directors. The annual meeting of the Wellington Farmers' Meat Company was held at Masterton on Wednesday, Mr. J. Campbell presiding. The report and balance-sheet were adopted. The directors recommended the payment of a dividend. Trade was steady throughout the year and prices were well maintained. Mr. Mason and Mr. M'Donald were re-elected directors. The annual meeting of the Wellington Farmers' Meat Company was held at Masterton on Wednesday, Mr. J. Campbell presiding. The report and balance-sheet were adopted. The directors recommended the payment of a dividend. Trade was steady throughout the year and prices were well maintained. Mr. Mason and Mr. M'Donald were re-elected directors.
PHILOSOPHICAL SOCIETY
The annual meeting of the Wellington Farmers' Meat Company was held at Masterton on Wednesday, Mr. J. Campbell presiding. The report and balance-sheet were adopted. The directors recommended the payment of a dividend. Trade was steady throughout the year and prices were well maintained. Mr. Mason and Mr. M'Donald were re-elected directors. The annual meeting of the Wellington Farmers' Meat Company was held at Masterton on Wednesday, Mr. J. Campbell presiding. The report and balance-sheet were adopted. The directors recommended the payment of a dividend. Trade was steady throughout the year and prices were well maintained. Mr. Mason and Mr. M'Donald were re-elected directors. The annual meeting of the Wellington Farmers' Meat Company was held at Masterton on Wednesday, Mr. J. Campbell presiding. The report and balance-sheet were adopted. The directors recommended the payment of a dividend. Trade was steady throughout the year and prices were well maintained. Mr. Mason and Mr. M'Donald were re-elected directors. The annual meeting of the Wellington Farmers' Meat Company was held at Masterton on Wednesday, Mr. J. Campbell presiding. The report and balance-sheet were adopted. The directors recommended the payment of a dividend. Trade was steady throughout the year and prices were well maintained. Mr. Mason and Mr. M'Donald were re-elected directors. The annual meeting of the Wellington Farmers' Meat Company was held at Masterton on Wednesday, Mr. J. Campbell presiding. The report and balance-sheet were adopted. The directors recommended the payment of a dividend. Trade was steady throughout the year and prices were well maintained. Mr. Mason and Mr. M'Donald were re-elected directors. The annual meeting of the Wellington Farmers' Meat Company was held at Masterton on Wednesday, Mr. J. Campbell presiding. The report and balance-sheet were adopted. The directors recommended the payment of a dividend. Trade was steady throughout the year and prices were well maintained. Mr. Mason and Mr. M'Donald were re-elected directors. The annual meeting of the Wellington Farmers' Meat Company was held at Masterton on Wednesday, Mr. J. Campbell presiding. The report and balance-sheet were adopted. The directors recommended the payment of a dividend. Trade was steady throughout the year and prices were well maintained. Mr. Mason and Mr. M'Donald were re-elected directors. The annual meeting of the Wellington Farmers' Meat Company was held at Masterton on Wednesday, Mr. J. Campbell presiding. The report and balance-sheet were adopted. The directors recommended the payment of a dividend. Trade was steady throughout the year and prices were well maintained. Mr. Mason and Mr. M'Donald were re-elected directors. The annual meeting of the Wellington Farmers' Meat Company was held at Masterton on Wednesday, Mr. J. Campbell presiding. The report and balance-sheet were adopted. The directors recommended the payment of a dividend. Trade was steady throughout the year and prices were well maintained. Mr. Mason and Mr. M'Donald were re-elected directors. The annual meeting of the Wellington Farmers' Meat Company was held at Masterton on Wednesday, Mr. J. Campbell presiding. The report and balance-sheet were adopted. The directors recommended the payment of a dividend. Trade was steady throughout the year and prices were well maintained. Mr. Mason and Mr. M'Donald were re-elected directors. The annual meeting of the Wellington Farmers' Meat Company was held at Masterton on Wednesday, Mr. J. Campbell presiding. The report and balance-sheet were adopted. The directors recommended the payment of a dividend. Trade was steady throughout the year and prices were well maintained. Mr. Mason and Mr. M'Donald were re-elected directors. The annual meeting of the Wellington Farmers' Meat Company was held at Masterton on Wednesday, Mr. J. Campbell presiding. The report and balance-sheet were adopted. The directors recommended the payment of a dividend. Trade was steady throughout the year and prices were well maintained. Mr. Mason and Mr. M'Donald were re-elected directors.
GOLF
The annual meeting of the Wellington Farmers' Meat Company was held at Masterton on Wednesday, Mr. J. Campbell presiding. The report and balance-sheet were adopted. The directors recommended the payment of a dividend. Trade was steady throughout the year and prices were well maintained. Mr. Mason and Mr. M'Donald were re-elected directors. The annual meeting of the Wellington Farmers' Meat Company was held at Masterton on Wednesday, Mr. J. Campbell presiding. The report and balance-sheet were adopted. The directors recommended the payment of a dividend. Trade was steady throughout the year and prices were well maintained. Mr. Mason and Mr. M'Donald were re-elected directors. The annual meeting of the Wellington Farmers' Meat Company was held at Masterton on Wednesday, Mr. J. Campbell presiding. The report and balance-sheet were adopted. The directors recommended the payment of a dividend. Trade was steady throughout the year and prices were well maintained. Mr. Mason and Mr. M'Donald were re-elected directors. The annual meeting of the Wellington Farmers' Meat Company was held at Masterton on Wednesday, Mr. J. Campbell presiding. The report and balance-sheet were adopted. The directors recommended the payment of a dividend. Trade was steady throughout the year and prices were well maintained. Mr. Mason and Mr. M'Donald were re-elected directors.
WEATHER REPORTS
AT 4 P.M. YESTERDAY.
The annual meeting of the Wellington Farmers' Meat Company was held at Masterton on Wednesday, Mr. J. Campbell presiding. The report and balance-sheet were adopted. The directors recommended the payment of a dividend. Trade was steady throughout the year and prices were well maintained. Mr. Mason and Mr. M'Donald were re-elected directors. The annual meeting of the Wellington Farmers' Meat Company was held at Masterton on Wednesday, Mr. J. Campbell presiding. The report and balance-sheet were adopted. The directors recommended the payment of a dividend. Trade was steady throughout the year and prices were well maintained. Mr. Mason and Mr. M'Donald were re-elected directors. The annual meeting of the Wellington Farmers' Meat Company was held at Masterton on Wednesday, Mr. J. Campbell presiding. The report and balance-sheet were adopted. The directors recommended the payment of a dividend. Trade was steady throughout the year and prices were well maintained. Mr. Mason and Mr. M'Donald were re-elected directors. The annual meeting of the Wellington Farmers' Meat Company was held at Masterton on Wednesday, Mr. J. Campbell presiding. The report and balance-sheet were adopted. The directors recommended the payment of a dividend. Trade was steady throughout the year and prices were well maintained. Mr. Mason and Mr. M'Donald were re-elected directors. The annual meeting of the Wellington Farmers' Meat Company was held at Masterton on Wednesday, Mr. J. Campbell presiding. The report and balance-sheet were adopted. The directors recommended the payment of a dividend. Trade was steady throughout the year and prices were well maintained. Mr. Mason and Mr. M'Donald were re-elected directors. The annual meeting of the Wellington Farmers' Meat Company was held at Masterton on Wednesday, Mr. J. Campbell presiding. The report and balance-sheet were adopted. The directors recommended the payment of a dividend. Trade was steady throughout the year and prices were well maintained. Mr. Mason and Mr. M'Donald were re-elected directors. The annual meeting of the Wellington Farmers' Meat Company was held at Masterton on Wednesday, Mr. J. Campbell presiding. The report and balance-sheet were adopted. The directors recommended the payment of a dividend. Trade was steady throughout the year and prices were well maintained. Mr. Mason and Mr. M'Donald were re-elected directors. The annual meeting of the Wellington Farmers' Meat Company was held at Masterton on Wednesday, Mr. J. Campbell presiding. The report and balance-sheet were adopted. The directors recommended the payment of a dividend. Trade was steady throughout the year and prices were well maintained. Mr. Mason and Mr. M'Donald were re-elected directors. The annual meeting of the Wellington Farmers' Meat Company was held at Masterton on Wednesday, Mr. J. Campbell presiding. The report and balance-sheet were adopted. The directors recommended the payment of a dividend. Trade was steady throughout the year and prices were well maintained. Mr. Mason and Mr. M'Donald were re-elected directors. The annual meeting of the Wellington Farmers' Meat Company was held at Masterton on Wednesday, Mr. J. Campbell presiding. The report and balance-sheet were adopted. The directors recommended the payment of a dividend. Trade was steady throughout the year and prices were well maintained. Mr. Mason and Mr. M'Donald were re-elected directors. The annual meeting of the Wellington Farmers' Meat Company was held at Masterton on Wednesday, Mr. J. Campbell presiding. The report and balance-sheet were adopted. The directors recommended the payment of a dividend. Trade was steady throughout the year and prices were well maintained. Mr. Mason and Mr. M'Donald were re-elected directors. The annual meeting of the Wellington Farmers' Meat Company was held at Masterton on Wednesday, Mr. J. Campbell presiding. The report and balance-sheet were adopted. The directors recommended the payment of a dividend. Trade was steady throughout the year and prices were well maintained. Mr. Mason and Mr. M'Donald were re-elected directors. The annual meeting of the Wellington Farmers' Meat Company was held at Masterton on Wednesday, Mr. J. Campbell presiding. The report and balance-sheet were adopted. The directors recommended the payment of a dividend. Trade was steady throughout the year and prices were well maintained. Mr. Mason and Mr. M'Donald were re-elected directors. The annual meeting of the Wellington Farmers' Meat Company was held at Masterton on Wednesday, Mr. J. Campbell presiding. The report and balance-sheet were adopted. The directors recommended the payment of a dividend. Trade was steady throughout the year and prices were well maintained. Mr. Mason and Mr. M'Donald were re-elected directors. The annual meeting of the Wellington Farmers' Meat Company was held at Masterton on Wednesday, Mr. J. Campbell presiding. The report and balance-sheet were adopted. The directors recommended the payment of a dividend. Trade was steady throughout the year and prices were well maintained. Mr. Mason and Mr. M'Donald were re-elected directors. The annual meeting of the Wellington Farmers' Meat Company was held at Masterton on Wednesday, Mr. J. Campbell presiding. The report and balance-sheet were adopted. The directors recommended the payment of a dividend. Trade was steady throughout the year and prices were well maintained. Mr. Mason and Mr. M'Donald were re-elected directors.
STIFF JOINTS.
The annual meeting of the Wellington Farmers' Meat Company was held at Masterton on Wednesday, Mr. J. Campbell presiding. The report and balance-sheet were adopted. The directors recommended the payment of a dividend. Trade was steady throughout the year and prices were well maintained. Mr. Mason and Mr. M'Donald were re-elected directors. The annual meeting of the Wellington Farmers' Meat Company was held at Masterton on Wednesday, Mr. J. Campbell presiding. The report and balance-sheet were adopted. The directors recommended the payment of a dividend. Trade was steady throughout the year and prices were well maintained. Mr. Mason and Mr. M'Donald were re-elected directors. The annual meeting of the Wellington Farmers' Meat Company was held at Masterton on Wednesday, Mr. J. Campbell presiding. The report and balance-sheet were adopted. The directors recommended the payment of a dividend. Trade was steady throughout the year and prices were well maintained. Mr. Mason and Mr. M'Donald were re-elected directors. The annual meeting of the Wellington Farmers' Meat Company was held at Masterton on Wednesday, Mr. J. Campbell presiding. The report and balance-sheet were adopted. The directors recommended the payment of a dividend. Trade was steady throughout the year and prices were well maintained. Mr. Mason and Mr. M'Donald were re-elected directors. The annual meeting of the Wellington Farmers' Meat Company was held at Masterton on Wednesday, Mr. J. Campbell presiding. The report and balance-sheet were adopted. The directors recommended the payment of a dividend. Trade was steady throughout the year and prices were well maintained. Mr. Mason and Mr. M'Donald were re-elected directors. The annual meeting of the Wellington Farmers' Meat Company was held at Masterton on Wednesday, Mr. J. Campbell presiding. The report and balance-sheet were adopted. The directors recommended the payment of a dividend. Trade was steady throughout the year and prices were well maintained. Mr. Mason and Mr. M'Donald were re-elected directors.
Woods' Great Peppermint Cure For Coughs and Colds, never fails.
SHIPPING NEWS
PHASES OF THE MOON.
The annual meeting of the Wellington Farmers' Meat Company was held at Masterton on Wednesday, Mr. J. Campbell presiding. The report and balance-sheet were adopted. The directors recommended the payment of a dividend. Trade was steady throughout the year and prices were well maintained. Mr. Mason and Mr. M'Donald were re-elected directors. The annual meeting of the Wellington Farmers' Meat Company was held at Masterton on Wednesday, Mr. J. Campbell presiding. The report and balance-sheet were adopted. The directors recommended the payment of a dividend. Trade was steady throughout the year and prices were well maintained. Mr. Mason and Mr. M'Donald were re-elected directors. The annual meeting of the Wellington Farmers' Meat Company was held at Masterton on Wednesday, Mr. J. Campbell presiding. The report and balance-sheet were adopted. The directors recommended the payment of a dividend. Trade was steady throughout the year and prices were well maintained. Mr. Mason and Mr. M'Donald were re-elected directors.
ARRIVALS.
The annual meeting of the Wellington Farmers' Meat Company was held at Masterton on Wednesday, Mr. J. Campbell presiding. The report and balance-sheet were adopted. The directors recommended the payment of a dividend. Trade was steady throughout the year and prices were well maintained. Mr. Mason and Mr. M'Donald were re-elected directors. The annual meeting of the Wellington Farmers' Meat Company was held at Masterton on Wednesday, Mr. J. Campbell presiding. The report and balance-sheet were adopted. The directors recommended the payment of a dividend. Trade was steady throughout the year and prices were well maintained. Mr. Mason and Mr. M'Donald were re-elected directors. The annual meeting of the Wellington Farmers' Meat Company was held at Masterton on Wednesday, Mr. J. Campbell presiding. The report and balance-sheet were adopted. The directors recommended the payment of a dividend. Trade was steady throughout the year and prices were well maintained. Mr. Mason and Mr. M'Donald were re-elected directors. The annual meeting of the Wellington Farmers' Meat Company was held at Masterton on Wednesday, Mr. J. Campbell presiding. The report and balance-sheet were adopted. The directors recommended the payment of a dividend. Trade was steady throughout the year and prices were well maintained. Mr. Mason and Mr. M'Donald were re-elected directors. The annual meeting of the Wellington Farmers' Meat Company was held at Masterton on Wednesday, Mr. J. Campbell presiding. The report and balance-sheet were adopted. The directors recommended the payment of a dividend. Trade was steady throughout the year and prices were well maintained. Mr. Mason and Mr. M'Donald were re-elected directors. The annual meeting of the Wellington Farmers' Meat Company was held at Masterton on Wednesday, Mr. J. Campbell presiding. The report and balance-sheet were adopted. The directors recommended the payment of a dividend. Trade was steady throughout the year and prices were well maintained. Mr. Mason and Mr. M'Donald were re-elected directors.
DEPARTURES.
The annual meeting of the Wellington Farmers' Meat Company was held at Masterton on Wednesday, Mr. J. Campbell presiding. The report and balance-sheet were adopted. The directors recommended the payment of a dividend. Trade was steady throughout the year and prices were well maintained. Mr. Mason and Mr. M'Donald were re-elected directors. The annual meeting of the Wellington Farmers' Meat Company was held at Masterton on Wednesday, Mr. J. Campbell presiding. The report and balance-sheet were adopted. The directors recommended the payment of a dividend. Trade was steady throughout the year and prices were well maintained. Mr. Mason and Mr. M'Donald were re-elected directors. The annual meeting of the Wellington Farmers' Meat Company was held at Masterton on Wednesday, Mr. J. Campbell presiding. The report and balance-sheet were adopted. The directors recommended the payment of a dividend. Trade was steady throughout the year and prices were well maintained. Mr. Mason and Mr. M'Donald were re-elected directors. The annual meeting of the Wellington Farmers' Meat Company was held at Masterton on Wednesday, Mr. J. Campbell presiding. The report and balance-sheet were adopted. The directors recommended the payment of a dividend. Trade was steady throughout the year and prices were well maintained. Mr. Mason and Mr. M'Donald were re-elected directors. The annual meeting of the Wellington Farmers' Meat Company was held at Masterton on Wednesday, Mr. J. Campbell presiding. The report and balance-sheet were adopted. The directors recommended the payment of a dividend. Trade was steady throughout the year and prices were well maintained. Mr. Mason and Mr. M'Donald were re-elected directors. The annual meeting of the Wellington Farmers' Meat Company was held at Masterton on Wednesday, Mr. J. Campbell presiding. The report and balance-sheet were adopted. The directors recommended the payment of a dividend. Trade was steady throughout the year and prices were well maintained. Mr. Mason and Mr. M'Donald were re-elected directors. The annual meeting of the Wellington Farmers' Meat Company was held at Masterton on Wednesday, Mr. J. Campbell presiding. The report and balance-sheet were adopted. The directors recommended the payment of a dividend. Trade was steady throughout the year and prices were well maintained. Mr. Mason and Mr. M'Donald were re-elected directors. The annual meeting of the Wellington Farmers' Meat Company was held at Masterton on Wednesday, Mr. J. Campbell presiding. The report and balance-sheet were adopted. The directors recommended the payment of a dividend. Trade was steady throughout the year and prices were well maintained. Mr. Mason and Mr. M'Donald were re-elected directors. The annual meeting of the Wellington Farmers' Meat Company was held at Masterton on Wednesday, Mr. J. Campbell presiding. The report and balance-sheet were adopted. The directors recommended the payment of a dividend. Trade was steady throughout the year and prices were well maintained. Mr. Mason and Mr. M'Donald were re-elected directors. The annual meeting of the Wellington Farmers' Meat Company was held at Masterton on Wednesday, Mr. J. Campbell presiding. The report and balance-sheet were adopted. The directors recommended the payment of a dividend. Trade was steady throughout the year and prices were well maintained. Mr. Mason and Mr. M'Donald were re-elected directors. The annual meeting of the Wellington Farmers' Meat Company was held at Masterton on Wednesday, Mr. J. Campbell presiding. The report and balance-sheet were adopted. The directors recommended the payment of a dividend. Trade was steady throughout the year and prices were well maintained. Mr. Mason and Mr. M'Donald were re-elected directors. The annual meeting of the Wellington Farmers' Meat Company was held at Masterton on Wednesday, Mr. J. Campbell presiding. The report and balance-sheet were adopted. The directors recommended the payment of a dividend. Trade was steady throughout the year and prices were well maintained. Mr. Mason and Mr. M'Donald were re-elected directors.
EXPECTED ARRIVALS.
The annual meeting of the Wellington Farmers' Meat Company was held at Masterton on Wednesday, Mr. J. Campbell presiding. The report and balance-sheet were adopted. The directors recommended the payment of a dividend. Trade was steady throughout the year and prices were well maintained. Mr. Mason and Mr. M'Donald were re-elected directors. The annual meeting of the Wellington Farmers' Meat Company was held at Masterton on Wednesday, Mr. J. Campbell presiding. The report and balance-sheet were adopted. The directors recommended the payment of a dividend. Trade was steady throughout the year and prices were well maintained. Mr. Mason and Mr. M'Donald were re-elected directors. The annual meeting of the Wellington Farmers' Meat Company was held at Masterton on Wednesday, Mr. J. Campbell presiding. The report and balance-sheet were adopted. The directors recommended the payment of a dividend. Trade was steady throughout the year and prices were well maintained. Mr. Mason and Mr. M'Donald were re-elected directors. The annual meeting of the Wellington Farmers' Meat Company was held at Masterton on Wednesday, Mr. J. Campbell presiding. The report and balance-sheet were adopted. The directors recommended the payment of a dividend. Trade was steady throughout the year and prices were well maintained. Mr. Mason and Mr. M'Donald were re-elected directors. The annual meeting of the Wellington Farmers' Meat Company was held at Masterton on Wednesday, Mr. J. Campbell presiding. The report and balance-sheet were adopted. The directors recommended the payment of a dividend. Trade was steady throughout the year and prices were well maintained. Mr. Mason and Mr. M'Donald were re-elected directors. The annual meeting of the Wellington Farmers' Meat Company was held at Masterton on Wednesday, Mr. J. Campbell presiding. The report and balance-sheet were adopted. The directors recommended the payment of a dividend. Trade was steady throughout the year and prices were well maintained. Mr. Mason and Mr. M'Donald were re-elected directors. The annual meeting of the Wellington Farmers' Meat Company was held at Masterton on Wednesday, Mr. J. Campbell presiding. The report and balance-sheet were adopted. The directors recommended the payment of a dividend. Trade was steady throughout the year and prices were well maintained. Mr. Mason and Mr. M'Donald were re-elected directors. The annual meeting of the Wellington Farmers' Meat Company was held at Masterton on Wednesday, Mr. J. Campbell presiding. The report and balance-sheet were adopted. The directors recommended the payment of a dividend. Trade was steady throughout the year and prices were well maintained. Mr. Mason and Mr. M'Donald were re-elected directors. The annual meeting of the Wellington Farmers' Meat Company was held at Masterton on Wednesday, Mr. J. Campbell presiding. The report and balance-sheet were adopted. The directors recommended the payment of a dividend. Trade was steady throughout the year and prices were well maintained. Mr. Mason and Mr. M'Donald were re-elected directors. The annual meeting of the Wellington Farmers' Meat Company was held at Masterton on Wednesday, Mr. J. Campbell presiding. The report and balance-sheet were adopted. The directors recommended the payment of a dividend. Trade was steady throughout the year and prices were well maintained. Mr. Mason and Mr. M'Donald were re-elected directors. The annual meeting of the Wellington Farmers' Meat Company was held at Masterton on Wednesday, Mr. J. Campbell presiding. The report and balance-sheet were adopted. The directors recommended the payment of a dividend. Trade was steady throughout the year and prices were well maintained. Mr. Mason and Mr. M'Donald were re-elected directors. The annual meeting of the Wellington Farmers' Meat Company was held at Masterton on Wednesday, Mr. J. Campbell presiding. The report and balance-sheet were adopted. The directors recommended the payment of a dividend. Trade was steady throughout the year and prices were well maintained. Mr. Mason and Mr. M'Donald were re-elected directors. The annual meeting of the Wellington Farmers' Meat Company was held at Masterton on Wednesday, Mr. J. Campbell presiding. The report and balance-sheet were adopted. The directors recommended the payment of a dividend. Trade was steady throughout the year and prices were well maintained. Mr. Mason and Mr. M'Donald were re-elected directors. The annual meeting of the Wellington Farmers' Meat Company was held at Masterton on Wednesday, Mr. J. Campbell presiding. The report and balance-sheet were adopted. The directors recommended the payment of a dividend. Trade was steady throughout the year and prices were well maintained. Mr. Mason and Mr. M'Donald were re-elected directors.
PROJECTED DEPARTURES.
The annual meeting of the Wellington Farmers' Meat Company was held at Masterton on Wednesday, Mr. J. Campbell presiding. The report and balance-sheet were adopted. The directors recommended the payment of a dividend. Trade was steady throughout the year and prices were well maintained. Mr. Mason and Mr. M'Donald were re-elected directors. The annual meeting of the Wellington Farmers' Meat Company was held at Masterton on Wednesday, Mr. J. Campbell presiding. The report and balance-sheet were adopted. The directors recommended the payment of a dividend. Trade was steady throughout the year and prices were well maintained. Mr. Mason and Mr. M'Donald were re-elected directors. The annual meeting of the Wellington Farmers' Meat Company was held at Masterton on Wednesday, Mr. J. Campbell presiding. The report and balance-sheet were adopted. The directors recommended the payment of a dividend. Trade was steady throughout the year and prices were well maintained. Mr. Mason and Mr. M'Donald were re-elected directors. The annual meeting of the Wellington Farmers' Meat Company was held at Masterton on Wednesday, Mr. J. Campbell presiding. The report and balance-sheet were adopted. The directors recommended the payment of a dividend. Trade was steady throughout the year and prices were well maintained. Mr. Mason and Mr. M'Donald were re-elected directors. The annual meeting of the Wellington Farmers' Meat Company was held at Masterton on Wednesday, Mr. J. Campbell presiding. The report and balance-sheet were adopted. The directors recommended the payment of a dividend. Trade was steady throughout the year and prices were well maintained. Mr. Mason and Mr. M'Donald were re-elected directors. The annual meeting of the Wellington Farmers' Meat Company was held at Masterton on Wednesday, Mr. J. Campbell presiding. The report and balance-sheet were adopted. The directors recommended the payment of a dividend. Trade was steady throughout the year and prices were well maintained. Mr. Mason and Mr. M'Donald were re-elected directors. The annual meeting of the Wellington Farmers' Meat Company was held at Masterton on Wednesday, Mr. J. Campbell presiding. The report and balance-sheet were adopted. The directors recommended the payment of a dividend. Trade was steady throughout the year and prices were well maintained. Mr. Mason and Mr. M'Donald were re-elected directors. The annual meeting of the Wellington Farmers' Meat Company was held at Masterton on Wednesday, Mr. J. Campbell presiding. The report and balance-sheet were adopted. The directors recommended the payment of a dividend. Trade was steady throughout the year and prices were well maintained. Mr. Mason and Mr. M'Donald were re-elected directors. The annual meeting of the Wellington Farmers' Meat Company was held at Masterton on Wednesday, Mr. J. Campbell presiding. The report and balance-sheet were adopted. The directors recommended the payment of a dividend. Trade was steady throughout the year and prices were well maintained. Mr. Mason and Mr. M'Donald were re-elected directors. The annual meeting of the Wellington Farmers' Meat Company was held at Masterton on Wednesday, Mr. J. Campbell presiding. The report and balance-sheet were adopted. The directors recommended the payment of a dividend. Trade was steady throughout the year and prices were well maintained. Mr. Mason and Mr. M'Donald were re-elected directors. The annual meeting of the Wellington Farmers' Meat Company was held at Masterton on Wednesday, Mr. J. Campbell presiding. The report and balance-sheet were adopted. The directors recommended the payment of a dividend. Trade was steady throughout the year and prices were well maintained. Mr. Mason and Mr. M'Donald were re-elected directors. The annual meeting of the Wellington Farmers' Meat Company was held at Masterton on Wednesday, Mr. J. Campbell presiding. The report and balance-sheet were adopted. The directors recommended the payment of a dividend. Trade was steady throughout the year and prices were well maintained. Mr. Mason and Mr. M'Donald were re-elected directors. The annual meeting of the Wellington Farmers' Meat Company was held at Masterton on Wednesday, Mr. J. Campbell presiding. The report and balance-sheet were adopted. The directors recommended the payment of a dividend. Trade was steady throughout the year and prices were well maintained. Mr. Mason and Mr. M'Donald were re-elected directors. The annual meeting of the Wellington Farmers' Meat Company was held at Masterton on Wednesday, Mr. J. Campbell presiding. The report and balance-sheet were adopted. The directors recommended the payment of a dividend. Trade was steady throughout the year and prices were well maintained. Mr. Mason and Mr. M'Donald were re-elected directors.
MOVEMENTS OF STEAMERS.
The annual meeting of the Wellington Farmers' Meat Company was held at Masterton on Wednesday, Mr. J. Campbell presiding. The report and balance-sheet were adopted. The directors recommended the payment of a dividend. Trade was steady throughout the year and prices were well maintained. Mr. Mason and Mr. M'Donald were re-elected directors. The annual meeting of the Wellington Farmers' Meat Company was held at Masterton on Wednesday, Mr. J. Campbell presiding. The report and balance-sheet were adopted. The directors recommended the payment of a dividend. Trade was steady throughout the year and prices were well maintained. Mr. Mason and Mr. M'Donald were re-elected directors. The annual meeting of the Wellington Farmers' Meat Company was held at Masterton on Wednesday, Mr. J. Campbell presiding. The report and balance-sheet were adopted. The directors recommended the payment of a dividend. Trade was steady throughout the year and prices were well maintained. Mr. Mason and Mr. M'Donald were re-elected directors. The annual meeting of the Wellington Farmers' Meat Company was held at Masterton on Wednesday, Mr. J. Campbell presiding. The report and balance-sheet were adopted. The directors recommended the payment of a dividend. Trade was steady throughout the year and prices were well maintained. Mr. Mason and Mr. M'Donald were re-elected directors. The annual meeting of the Wellington Farmers' Meat Company was held at Masterton on Wednesday, Mr. J. Campbell presiding. The report and balance-sheet were adopted. The directors recommended the payment of a dividend. Trade was steady throughout the year and prices were well maintained. Mr. Mason and Mr. M'Donald were re-elected directors. The annual meeting of the Wellington Farmers' Meat Company was held at Masterton on Wednesday, Mr. J. Campbell presiding. The report and balance-sheet were adopted. The directors recommended the payment of a dividend. Trade was steady throughout the year and prices were well maintained. Mr. Mason and Mr. M'Donald were re-elected directors. The annual meeting of the Wellington Farmers' Meat Company was held at Masterton on Wednesday, Mr. J. Campbell presiding. The report and balance-sheet were adopted. The directors recommended the payment of a dividend. Trade was steady throughout the year and prices were well maintained. Mr. Mason and Mr. M'Donald were re-elected directors. The annual meeting of the Wellington Farmers' Meat Company was held at Masterton on Wednesday, Mr. J. Campbell presiding. The report and balance-sheet were adopted. The directors recommended the payment of a dividend. Trade was steady throughout the year and prices were well maintained. Mr. Mason and Mr. M'Donald were re-elected directors. The annual meeting of the Wellington Farmers' Meat Company was held at Masterton on Wednesday, Mr. J. Campbell presiding. The report and balance-sheet were adopted. The directors recommended the payment of a dividend. Trade was steady throughout the year and prices were well maintained. Mr. Mason and Mr. M'Donald were re-elected directors. The annual meeting of the Wellington Farmers' Meat Company was held at Masterton on Wednesday, Mr. J. Campbell presiding. The report and balance-sheet were adopted. The directors recommended the payment of a dividend. Trade was steady throughout the year and prices were well maintained. Mr. Mason and Mr. M'Donald were re-elected directors.
BY TELEGRAPH. COASTAL.
The annual meeting of the Wellington Farmers' Meat Company was held at Masterton on Wednesday, Mr. J. Campbell presiding. The report and balance-sheet were adopted. The directors recommended the payment of a dividend. Trade was steady throughout the year and prices were well maintained. Mr. Mason and Mr. M'Donald were re-elected directors. The annual meeting of the Wellington Farmers' Meat Company was held at Masterton on Wednesday, Mr. J. Campbell presiding. The report and balance-sheet were adopted. The directors recommended the payment of a dividend. Trade was steady throughout the year and prices were well maintained. Mr. Mason and Mr. M'Donald were re-elected directors. The annual meeting of the Wellington Farmers' Meat Company was held at Masterton on Wednesday, Mr. J. Campbell presiding. The report and balance-sheet were adopted. The directors recommended the payment of a dividend. Trade was steady throughout the year and prices were well maintained. Mr. Mason and Mr. M'Donald were re-elected directors. The annual meeting of the Wellington Farmers' Meat Company was held at Masterton on Wednesday, Mr. J. Campbell presiding. The report and balance-sheet were adopted. The directors recommended the payment of a dividend. Trade was steady throughout the year and prices were well maintained. Mr. Mason and Mr. M'Donald were re-elected directors. The annual meeting of the Wellington Farmers' Meat Company was held at Masterton on Wednesday, Mr. J. Campbell presiding. The report and balance-sheet were adopted. The directors recommended the payment of a dividend. Trade was steady throughout the year and prices were well maintained. Mr. Mason and Mr. M'Donald were re-elected directors. The annual meeting of the Wellington Farmers' Meat Company was held at Masterton on Wednesday, Mr. J. Campbell presiding. The report and balance-sheet were adopted. The directors recommended the payment of a dividend. Trade was steady throughout the year and prices were well maintained. Mr. Mason and Mr. M'Donald were re-elected directors. The annual meeting of the Wellington Farmers' Meat Company was held at Masterton on Wednesday, Mr. J. Campbell presiding. The report and balance-sheet were adopted. The directors recommended the payment of a dividend. Trade was steady throughout the year and prices were well maintained. Mr. Mason and Mr. M'Donald were re-elected directors. The annual meeting of the Wellington Farmers' Meat Company was held at Masterton on Wednesday, Mr. J. Campbell presiding. The report and balance-sheet were adopted. The directors recommended the payment of a dividend. Trade was steady throughout the year and prices were well maintained. Mr. Mason and Mr. M'Donald were re-elected directors. The annual meeting of the Wellington Farmers' Meat Company was held at Masterton on Wednesday, Mr. J. Campbell presiding. The report and balance-sheet were adopted. The directors recommended the payment of a dividend. Trade was steady throughout the year and prices were well maintained. Mr. Mason and Mr. M'Donald were re-elected directors. The annual meeting of the Wellington Farmers' Meat Company was held at Masterton on Wednesday, Mr. J. Campbell presiding. The report and balance-sheet were adopted. The directors recommended the payment of a dividend. Trade was steady throughout the year and prices were well maintained. Mr. Mason and Mr. M'Donald were re-elected directors. The annual meeting of the Wellington Farmers' Meat Company was held at Masterton on Wednesday, Mr. J. Campbell presiding. The report and balance-sheet were adopted. The directors recommended the payment of a dividend. Trade was steady throughout the year and prices were well maintained. Mr. Mason and Mr. M'Donald were re-elected directors. The annual meeting of the Wellington Farmers' Meat Company was held at Masterton on Wednesday, Mr. J. Campbell presiding. The report and balance-sheet were adopted. The directors recommended the payment of a dividend. Trade was steady throughout the year and prices were well maintained. Mr. Mason and Mr. M'Donald were re-elected directors. The annual meeting of the Wellington Farmers' Meat Company was held at Masterton on Wednesday, Mr. J. Campbell presiding. The report and balance-sheet were adopted. The directors recommended the payment of a dividend. Trade was steady throughout the year and prices were well maintained. Mr. Mason and Mr. M'Donald were re-elected directors. The annual meeting of the Wellington Farmers' Meat Company was held at Masterton on Wednesday, Mr. J. Campbell presiding. The report and balance-sheet were adopted. The directors recommended the payment of a dividend. Trade was steady throughout the year and prices were well maintained. Mr. Mason and Mr. M'Donald were re-elected directors. The annual meeting of the Wellington Farmers' Meat Company was held at Masterton on Wednesday, Mr. J. Campbell presiding. The report and balance-sheet were adopted. The directors recommended the payment of a dividend. Trade was steady throughout the year and prices were well maintained. Mr. Mason and Mr. M'Donald were re-elected directors. The annual meeting of the Wellington Farmers' Meat Company was held at Masterton on Wednesday, Mr. J. Campbell presiding. The report and balance-sheet were adopted. The directors recommended the payment of a dividend. Trade was steady throughout the year and prices were well maintained. Mr. Mason and Mr. M'Donald were re-elected directors. The annual meeting of the Wellington Farmers' Meat Company was held at Masterton on Wednesday, Mr. J. Campbell presiding. The report and balance-sheet were adopted. The directors recommended the payment of a dividend. Trade was steady throughout the year and prices were well maintained. Mr. Mason and Mr. M'Donald were re-elected directors. The annual meeting of the Wellington Farmers' Meat Company was held at Masterton on Wednesday, Mr. J. Campbell presiding. The report and balance-sheet were adopted. The directors recommended the payment of a dividend. Trade was steady throughout the year and prices were well maintained. Mr. Mason and Mr. M'Donald were re-elected directors. The annual meeting of the Wellington Farmers' Meat Company was held at Masterton on Wednesday, Mr. J. Campbell presiding. The report and balance-sheet were adopted. The directors recommended the payment of a dividend. Trade was steady throughout the year and prices were well maintained. Mr. Mason and Mr. M'Donald were re-elected directors. The annual meeting of the Wellington Farmers' Meat Company was held at Masterton on Wednesday, Mr. J. Campbell presiding. The report and balance-sheet were adopted. The directors recommended the payment of a dividend. Trade was steady throughout the year and prices were well maintained. Mr. Mason and Mr. M'Donald were re-elected directors. The annual meeting of the Wellington Farmers' Meat Company was held at Masterton on Wednesday, Mr. J. Campbell presiding. The report and balance-sheet were adopted. The directors recommended the payment of a dividend. Trade was steady throughout the year and prices were well maintained. Mr. Mason and Mr. M'Donald were re-elected directors. The annual meeting of the Wellington Farmers' Meat Company was held at Masterton on Wednesday, Mr. J. Campbell presiding. The report and balance-sheet were adopted. The directors recommended the payment of a dividend. Trade was steady throughout the year and prices were well maintained. Mr. Mason and Mr. M'Donald were re-elected directors.
PARKER'S OFFICERS.
The annual meeting of the Wellington Farmers' Meat Company was held at Masterton on Wednesday, Mr. J. Campbell presiding. The report and balance-sheet were adopted. The directors recommended the payment of a dividend. Trade was steady throughout the year and prices were well maintained. Mr. Mason and Mr. M'Donald were re-elected directors. The annual meeting of the Wellington Farmers' Meat Company was held at Masterton on Wednesday, Mr. J. Campbell presiding. The report and balance-sheet were adopted. The directors recommended the payment of a dividend. Trade was steady throughout the year and prices were well maintained. Mr. Mason and Mr. M'Donald were re-elected directors. The annual meeting of the Wellington Farmers' Meat Company was held at Masterton on Wednesday, Mr. J. Campbell presiding. The report and balance-sheet were adopted. The directors recommended the payment of a dividend. Trade was steady throughout the year and prices were well maintained. Mr. Mason and Mr. M'Donald were re-elected directors. The annual meeting of the Wellington Farmers' Meat Company was held at Masterton on Wednesday, Mr. J. Campbell presiding. The report and balance-sheet were adopted. The directors recommended the payment of a dividend. Trade was steady throughout the year and prices were well maintained. Mr. Mason and Mr. M'Donald were re-elected directors.
MERCANTILE GOSSIP.
The annual meeting of the Wellington Farmers' Meat Company was held at Masterton on Wednesday, Mr. J. Campbell presiding. The report and balance-sheet were adopted. The directors recommended the payment of a dividend. Trade was steady throughout the year and prices were well maintained. Mr. Mason and Mr. M'Donald were re-elected directors. The annual meeting of the Wellington Farmers' Meat Company was held at Masterton on Wednesday, Mr. J. Campbell presiding. The report and balance-sheet were adopted. The directors recommended the payment of a dividend. Trade was steady throughout the year and prices were well maintained. Mr. Mason and Mr. M'Donald were re-elected directors. The annual meeting of the Wellington Farmers' Meat Company was held at Masterton on Wednesday, Mr. J. Campbell presiding. The report and balance-sheet were adopted. The directors recommended the payment of a dividend. Trade was steady throughout the year and prices were well maintained. Mr. Mason and Mr. M'Donald were re-elected directors. The annual meeting of the Wellington Farmers' Meat Company was held at Masterton on Wednesday, Mr. J. Campbell presiding. The report and balance-sheet were adopted. The directors recommended the payment of a dividend. Trade was steady throughout the year and prices were well maintained. Mr. Mason and Mr. M'Donald were re-elected directors. The annual meeting of the Wellington Farmers' Meat Company was held at Masterton on Wednesday, Mr. J. Campbell presiding. The report and balance-sheet were adopted. The directors recommended the payment of a dividend. Trade was steady throughout the year and prices were well maintained. Mr. Mason and Mr. M'Donald were re-elected directors. The annual meeting of the Wellington Farmers' Meat Company was held at Masterton on Wednesday, Mr. J. Campbell presiding. The report and balance-sheet were adopted. The directors recommended the payment of a dividend. Trade was steady throughout the year and prices were well maintained. Mr. Mason and Mr. M'Donald were re-elected directors. The annual meeting of the Wellington Farmers' Meat Company was held at Masterton on Wednesday, Mr. J. Campbell presiding. The report and balance-sheet were adopted. The directors recommended the payment of a dividend. Trade was steady throughout the year and prices were well maintained. Mr. Mason and Mr. M'Donald were re-elected directors. The annual meeting of the Wellington Farmers' Meat Company was held at Masterton on Wednesday, Mr. J. Campbell presiding. The report and balance-sheet were adopted. The directors recommended the payment of a dividend. Trade was steady throughout the year and prices were well maintained. Mr. Mason and Mr. M'Donald were re-elected directors. The annual meeting of the Wellington Farmers' Meat Company was held at Masterton on Wednesday, Mr. J. Campbell presiding. The report and balance-sheet were adopted. The directors recommended the payment of a dividend. Trade was steady throughout the year and prices were well maintained. Mr. Mason and Mr. M'Donald were re-elected directors. The annual meeting of the Wellington Farmers' Meat Company was held at Masterton on Wednesday, Mr. J. Campbell presiding. The report and balance-sheet were adopted. The directors recommended the payment of a dividend. Trade was steady throughout the year and prices were well maintained. Mr. Mason and Mr. M'Donald were re-elected directors. The annual meeting of the Wellington Farmers' Meat Company was held at Masterton on Wednesday, Mr. J. Campbell presiding. The report and balance-sheet were adopted. The directors recommended the payment of a dividend. Trade was steady throughout the year and prices were well maintained. Mr. Mason and Mr. M'Donald were re-elected directors. The annual meeting of the Wellington Farmers' Meat Company was held at Masterton on Wednesday, Mr. J. Campbell presiding. The report and balance-sheet were adopted. The directors recommended the payment of a dividend. Trade was steady throughout the year and prices were well maintained. Mr. Mason and Mr. M'Donald were re-elected directors. The annual meeting of the Wellington Farmers' Meat Company was held at Masterton on Wednesday, Mr. J. Campbell presiding. The report and balance-sheet were adopted. The directors recommended the payment of a dividend. Trade was steady throughout the year and prices were well maintained. Mr. Mason and Mr. M'Donald were re-elected directors. The annual meeting of the Wellington Farmers' Meat Company was held at Masterton on Wednesday, Mr. J. Campbell presiding. The report and balance-sheet were adopted. The directors recommended the payment of a dividend. Trade was steady throughout the year and prices were well maintained. Mr. Mason and Mr. M'Donald were re-elected directors. The annual meeting of the Wellington Farmers' Meat Company was held at Masterton on Wednesday, Mr. J. Campbell presiding. The report and balance-sheet were adopted. The directors recommended the payment of a dividend. Trade was steady throughout the year and prices were well maintained. Mr. Mason and Mr. M'Donald were re-elected directors. The annual meeting of the Wellington Farmers' Meat Company was held at Masterton on Wednesday, Mr. J. Campbell presiding. The report and balance-sheet were adopted. The directors recommended the payment of a dividend. Trade was steady throughout the year and prices were well maintained. Mr. Mason and Mr. M'Donald were re-elected directors. The annual meeting of the Wellington Farmers' Meat Company was held at Masterton on Wednesday, Mr. J. Campbell presiding. The report and balance-sheet were adopted. The directors recommended the payment of a dividend. Trade was steady throughout the year and prices were well maintained. Mr. Mason and Mr. M'Donald were re-elected directors. The annual meeting of the Wellington Farmers' Meat Company was held at Masterton on Wednesday, Mr. J. Campbell presiding. The report and balance-sheet were adopted. The directors recommended the payment of a dividend. Trade was steady throughout the year and prices were well maintained. Mr. Mason and Mr. M'Donald were re-elected directors. The annual meeting of the Wellington Farmers' Meat Company was held at Masterton on Wednesday, Mr. J. Campbell presiding. The report and balance-sheet were adopted. The directors recommended the payment of a dividend. Trade was steady throughout the year and prices were well maintained. Mr. Mason and Mr. M'Donald were re-elected directors. The annual meeting of the Wellington Farmers' Meat Company was held at Masterton on Wednesday, Mr. J. Campbell presiding. The report and balance-sheet were adopted. The directors recommended the payment of a dividend. Trade was steady throughout the year and prices were well maintained. Mr. Mason and Mr. M'Donald were re-elected directors.
MAIL NOTICES
The annual meeting of the Wellington Farmers' Meat Company was held at Masterton on Wednesday, Mr. J. Campbell presiding. The report and balance-sheet were adopted. The directors recommended the payment of a dividend. Trade was steady throughout the year and prices were well maintained. Mr. Mason and Mr. M'Donald were re-elected directors. The annual meeting of the Wellington Farmers' Meat Company was held at Masterton on Wednesday, Mr. J. Campbell presiding. The report and balance-sheet were adopted. The directors recommended the payment of a dividend. Trade was steady throughout the year and prices were well maintained. Mr. Mason and Mr. M'Donald were re-elected directors. The annual meeting of the Wellington Farmers' Meat Company was held at Masterton on Wednesday, Mr. J. Campbell presiding. The report and balance-sheet were adopted. The directors recommended the payment of a dividend. Trade was steady throughout the year and prices were well maintained. Mr. Mason and Mr. M'Donald were re-elected directors. The annual meeting of the Wellington Farmers' Meat Company was held at Masterton on Wednesday, Mr. J. Campbell presiding. The report and balance-sheet were adopted. The directors recommended the payment of a dividend. Trade was steady throughout the year and prices were well maintained. Mr. Mason and Mr. M'Donald were re-elected directors. The annual meeting of the Wellington Farmers' Meat Company was held at Masterton on Wednesday, Mr. J. Campbell presiding. The report and balance-sheet were adopted. The directors recommended the payment of a dividend. Trade was steady throughout the year and prices were well maintained. Mr. Mason and Mr. M'Donald were re-elected directors. The annual meeting of the Wellington Farmers' Meat Company was held at Masterton on Wednesday, Mr. J. Campbell presiding. The report and balance-sheet were adopted. The directors recommended the payment of a dividend. Trade was steady throughout the year and prices were well maintained. Mr. Mason and Mr. M'Donald were re-elected directors. The annual meeting of the Wellington Farmers' Meat Company was held at Masterton on Wednesday, Mr. J. Campbell presiding. The report and balance-sheet were adopted. The directors recommended the payment of a dividend. Trade was steady throughout the year and prices were well maintained. Mr. Mason and Mr. M'Donald were re-elected directors. The annual meeting of the Wellington Farmers' Meat Company was held at Masterton on Wednesday, Mr. J. Campbell presiding. The report and balance-sheet were adopted. The directors recommended the payment of a dividend. Trade was steady throughout the year and prices were well maintained. Mr. Mason and Mr. M'Donald were re-elected directors. The annual meeting of the Wellington Farmers' Meat Company was held at Masterton on Wednesday, Mr. J. Campbell presiding. The report and balance-sheet were adopted. The directors recommended the payment of a dividend. Trade was steady throughout the year and prices were well maintained. Mr. Mason and Mr. M'Donald were re-elected directors. The annual meeting of the Wellington Farmers' Meat Company was held at Masterton on Wednesday, Mr. J. Campbell presiding. The report and balance-sheet were adopted. The directors recommended the payment of a dividend. Trade was steady throughout the year and prices were well maintained. Mr. Mason and Mr. M'Donald were re-elected directors. The annual meeting of the Wellington Farmers' Meat Company was held at Masterton on Wednesday, Mr. J. Campbell presiding. The report and balance-sheet were adopted. The directors recommended the payment of a dividend. Trade was steady throughout the year and prices were well maintained. Mr. Mason and Mr. M'Donald were re-elected directors. The annual meeting of the Wellington Farmers' Meat Company was held at Masterton on Wednesday, Mr. J. Campbell presiding. The report and balance-sheet were adopted. The directors recommended the payment of a dividend. Trade was steady throughout the year and prices were well maintained. Mr. Mason and Mr. M'Donald were re-elected directors. The annual meeting of the Wellington Farmers' Meat Company was held at Masterton on Wednesday, Mr. J. Campbell presiding. The report and balance-sheet were adopted. The directors recommended the payment of a dividend. Trade was steady throughout the year and prices were well maintained. Mr. Mason and Mr. M'Donald were re-elected directors. The annual meeting of the Wellington Farmers' Meat Company was held at Masterton on Wednesday, Mr. J. Campbell presiding. The report and balance-sheet were adopted. The directors recommended the payment of a dividend. Trade was steady throughout the year and prices were well maintained. Mr. Mason and Mr. M'Donald were re-elected directors. The annual meeting of the Wellington Farmers' Meat Company was held at Masterton on Wednesday, Mr. J. Campbell presiding. The report and balance-sheet were adopted. The directors recommended the payment of a dividend. Trade was steady throughout the year and prices were well maintained. Mr. Mason and Mr. M'Donald were re-elected directors. The annual meeting of the Wellington Farmers' Meat Company was held at Masterton on Wednesday, Mr. J. Campbell presiding. The report and balance-sheet were adopted. The directors recommended the payment of a dividend. Trade was steady throughout the year and prices were well maintained. Mr. Mason and Mr. M'Donald were re-elected directors. The annual meeting of the Wellington Farmers' Meat Company was held at Masterton on Wednesday, Mr. J. Campbell presiding. The report and balance-sheet were adopted. The directors recommended the payment of a dividend. Trade was steady throughout the year and prices were well maintained. Mr. Mason and Mr. M'Donald were re-elected directors. The annual meeting of the Wellington Farmers' Meat Company was held at Masterton on Wednesday, Mr. J. Campbell presiding. The report and balance-sheet were adopted. The directors recommended the payment of a dividend. Trade was steady throughout the year and prices were well maintained. Mr. Mason and Mr. M'Donald were re-elected directors. The annual meeting of the Wellington Farmers' Meat Company was held at Masterton on Wednesday, Mr. J. Campbell presiding. The report and balance-sheet were adopted. The directors recommended the payment of a dividend. Trade was steady throughout the year and prices were well maintained. Mr. Mason and Mr. M'Donald were re-elected directors. The annual meeting of the Wellington Farmers' Meat Company was held at Masterton on Wednesday, Mr. J. Campbell presiding. The report and balance-sheet were adopted. The directors recommended the payment of a dividend. Trade was steady throughout the year and prices were well maintained. Mr. Mason and Mr. M'Donald were re-elected directors. The annual meeting of the Wellington Farmers' Meat Company was held at Masterton on Wednesday, Mr. J. Campbell presiding. The report and balance-sheet were adopted. The directors recommended the payment of a dividend. Trade was steady throughout the year and prices were well maintained. Mr. Mason and Mr. M'Donald were re-elected directors. The annual meeting of the Wellington Farmers' Meat Company was held at Masterton on Wednesday, Mr. J. Campbell presiding. The report and balance-sheet were adopted. The directors recommended the payment of a dividend. Trade was steady throughout the year and prices were well maintained. Mr. Mason and Mr. M'Donald were re-elected directors. The annual meeting of the Wellington Farmers' Meat Company was held at Masterton on Wednesday, Mr. J. Campbell presiding. The report and balance-sheet were adopted. The directors recommended the payment of a dividend. Trade was steady throughout the year and prices were well maintained. Mr. Mason and Mr. M'Donald were re-elected directors. The annual meeting of the Wellington Farmers' Meat Company was held at Masterton on Wednesday, Mr. J. Campbell presiding. The report and balance-sheet were adopted. The directors recommended the payment of a dividend. Trade was steady throughout the year and prices were well maintained. Mr. Mason and Mr. M'Donald were re-elected directors. The annual meeting of the Wellington Farmers' Meat Company was held at Masterton on Wednesday, Mr. J. Campbell presiding. The report and balance-sheet were adopted. The directors recommended the payment of a dividend. Trade was steady throughout the year and prices were well maintained. Mr. Mason and Mr. M'Donald were re-elected directors. The annual meeting of the Wellington Farmers' Meat Company was held at Masterton on Wednesday, Mr. J. Campbell presiding. The report and balance-sheet were adopted. The directors recommended the payment of a dividend. Trade was steady throughout the year and prices were well maintained. Mr. Mason and Mr. M'Donald were re-elected directors. The annual meeting of the Wellington Farmers' Meat Company was held at Masterton on Wednesday, Mr. J. Campbell presiding. The report and balance-sheet were adopted. The directors recommended the payment of a dividend. Trade was steady throughout the year and prices were well maintained. Mr. Mason and Mr. M'Donald were re-elected directors. The annual meeting of the Wellington Farmers' Meat Company was held at Masterton on Wednesday, Mr. J. Campbell presiding. The report and balance-sheet were adopted. The directors recommended the payment of a dividend. Trade was steady throughout the year and prices were well maintained. Mr. Mason and Mr. M'Donald were re-elected directors. The annual meeting of the Wellington Farmers' Meat Company was held at Masterton on Wednesday, Mr. J. Campbell presiding. The report and balance-sheet were adopted. The directors recommended the payment of a dividend. Trade was steady throughout the year and prices were well maintained. Mr. Mason and Mr. M'Donald were re-elected directors. The annual meeting of the Wellington Farmers' Meat Company was held at Masterton on Wednesday, Mr. J. Campbell presiding. The report and balance-sheet were adopted. The directors recommended the payment of a dividend. Trade was steady throughout the year and prices were well maintained. Mr. Mason and Mr. M'Donald were re-elected directors. The annual meeting of the Wellington Farmers' Meat Company was held at Masterton on Wednesday, Mr. J. Campbell presiding. The report and balance-sheet were adopted. The directors recommended the payment of a dividend. Trade was steady throughout the year and prices were well maintained. Mr. Mason and Mr. M'Donald were re-elected directors. The annual meeting of the Wellington Farmers' Meat Company was held at Masterton on Wednesday, Mr. J. Campbell presiding. The report and balance-sheet were adopted. The directors recommended the payment of a dividend. Trade was steady throughout the year and prices were well maintained. Mr. Mason and Mr. M'Donald were re-elected directors. The annual meeting of the Wellington Farmers' Meat Company was held at Masterton on Wednesday, Mr. J. Campbell presiding. The report and balance-sheet were adopted. The directors recommended the payment of a dividend. Trade was steady throughout the year and prices were well maintained. Mr. Mason and Mr. M'Donald were re-elected directors. The annual meeting of the Wellington Farmers' Meat Company was held at Masterton on Wednesday, Mr. J. Campbell presiding. The report and balance-sheet were adopted. The directors recommended the payment of a dividend. Trade was steady throughout the year and prices were well maintained. Mr. Mason and Mr. M'Donald were re-elected directors. The annual meeting of the Wellington Farmers' Meat Company was held at Masterton on Wednesday, Mr. J. Campbell presiding. The report and balance-sheet were adopted. The directors recommended the payment of a dividend. Trade was steady throughout the year and prices were well maintained. Mr. Mason and Mr. M'Donald were re-elected directors. The annual meeting of the Wellington Farmers' Meat Company was held at Masterton on Wednesday, Mr. J. Campbell presiding. The report and balance-sheet were adopted. The directors recommended the payment of a dividend. Trade was steady throughout the year and prices were well maintained. Mr. Mason and Mr. M'Donald were re-elected directors. The annual meeting of the Wellington Farmers' Meat Company was held at Masterton on Wednesday, Mr. J. Campbell presiding. The report and balance-sheet were adopted. The directors recommended the payment of a dividend. Trade was steady throughout the year and prices were well maintained. Mr. Mason and Mr. M'Donald were re-elected directors. The annual meeting of the Wellington Farmers' Meat Company was held at Masterton on Wednesday, Mr. J. Campbell presiding. The report and balance-sheet were adopted. The directors recommended the payment of a dividend. Trade was steady throughout the year and prices were well maintained. Mr. Mason and Mr. M'Donald were re-elected directors.
BILSTON BASIC SLAG
NOW OBTAINABLE.
The annual meeting of the Wellington Farmers' Meat Company was held at Masterton on Wednesday, Mr. J. Campbell presiding. The report and balance-sheet were adopted. The directors recommended the payment of a dividend. Trade was steady throughout the year and prices were well maintained. Mr. Mason and Mr. M'Donald were re-elected directors. The annual meeting of the Wellington Farmers' Meat Company was held at Masterton on Wednesday, Mr. J. Campbell presiding. The report and balance-sheet were adopted. The directors recommended the payment of a dividend. Trade was steady throughout the year and prices were well maintained. Mr. Mason and Mr. M'Donald were re-elected directors. The annual meeting of the Wellington Farmers' Meat Company was held at Masterton on Wednesday, Mr. J. Campbell presiding. The report and balance-sheet were adopted. The directors recommended the payment of a dividend. Trade was steady throughout the year and prices were well maintained. Mr. Mason and Mr. M'Donald were re-elected directors. The annual meeting of the Wellington Farmers' Meat Company was held at Masterton on Wednesday, Mr. J. Campbell presiding. The report and balance-sheet were adopted. The directors recommended the payment of a dividend. Trade was steady throughout the year and prices were well maintained. Mr. Mason and Mr. M'Donald were re-elected directors. The annual meeting of the Wellington Farmers' Meat Company was held at Masterton on Wednesday, Mr. J. Campbell presiding. The report and balance-sheet were adopted. The directors recommended the payment of a dividend. Trade was steady throughout the year and prices were well maintained. Mr. Mason and Mr. M'Donald were re-elected directors. The annual meeting of the Wellington Farmers' Meat Company was held at Masterton on Wednesday, Mr. J. Campbell presiding. The report and balance-sheet were adopted. The directors recommended the payment of a dividend. Trade was steady throughout the year and prices were well maintained. Mr. Mason and Mr. M'Donald were re-elected directors.
TO MOTORISTS.
The annual meeting of the Wellington Farmers' Meat Company was held at Masterton on Wednesday, Mr. J. Campbell presiding. The report and balance-sheet were adopted. The directors recommended the payment of a dividend. Trade was steady throughout the year and prices were well maintained. Mr. Mason and Mr. M'Donald were re-elected directors. The annual meeting of the Wellington Farmers' Meat Company was held at Masterton on Wednesday, Mr. J. Campbell presiding. The report and balance-sheet were adopted. The directors recommended the payment of a dividend. Trade was steady throughout the year and prices were well maintained. Mr. Mason and Mr. M'Donald were re-elected directors. The annual meeting of the Wellington Farmers' Meat Company was held at Masterton on Wednesday, Mr. J. Campbell presiding. The report and balance-sheet were adopted. The directors recommended the payment of a dividend. Trade was steady throughout the year and prices were well maintained. Mr. Mason and Mr. M'Donald were re-elected directors. The annual meeting of the Wellington Farmers' Meat Company was held at Masterton on Wednesday, Mr. J. Campbell presiding. The report and balance-sheet were adopted. The directors recommended the payment of a dividend. Trade was steady throughout the year and prices were well maintained. Mr. Mason and Mr. M'Donald were re-elected directors. The annual meeting of the Wellington Farmers' Meat Company was held at Masterton on Wednesday, Mr. J. Campbell presiding. The report and balance-sheet were adopted. The directors recommended the payment of a dividend. Trade was steady throughout the year and prices were well maintained. Mr. Mason and Mr. M'Donald were re-elected directors.
R. MILLER, Platform, Greytown, Sole New Zealand Agent.
EXQUISITE NEW STYLES IN
ENGAGEMENT & DRESS RINGS
The annual meeting of the Wellington Farmers' Meat Company was held at Masterton on Wednesday, Mr. J. Campbell presiding. The report and balance-sheet were adopted. The directors recommended the payment of a dividend. Trade was steady throughout the year and prices were well maintained. Mr. Mason and Mr. M'Donald were re-elected directors. The annual meeting of the Wellington Farmers' Meat Company was held at Masterton on Wednesday, Mr. J. Campbell presiding. The report and balance-sheet were adopted. The directors recommended the payment of a dividend. Trade was steady throughout the year and prices were well maintained. Mr. Mason and Mr. M'Donald were re-elected directors. The annual meeting of the Wellington Farmers' Meat Company was held at Masterton on Wednesday, Mr. J. Campbell presiding. The report and balance-sheet were adopted. The directors recommended the payment of a dividend. Trade was steady throughout the year and prices were well maintained. Mr. Mason and Mr. M'Donald were re-elected directors. The annual meeting of the Wellington Farmers' Meat Company was held at Masterton on Wednesday, Mr. J. Campbell presiding. The report and balance-sheet were adopted. The directors recommended the payment of a dividend. Trade was steady throughout the year and prices were well maintained. Mr. Mason and Mr. M'Donald were re-elected directors. The annual meeting of the Wellington Farmers' Meat Company was held at Masterton on Wednesday, Mr. J. Campbell presiding. The report and balance-sheet were adopted. The directors recommended the payment of a dividend. Trade was steady throughout the year and prices were well maintained. Mr. Mason and Mr. M'Donald were re-elected directors. The annual meeting of the Wellington Farmers' Meat Company was held at Masterton on Wednesday, Mr. J. Campbell presiding. The report and balance-sheet were adopted. The directors recommended the payment of a dividend. Trade was steady throughout the year and prices were well maintained. Mr. Mason and Mr. M'Donald were re-elected directors. The annual meeting of the Wellington Farmers' Meat Company was held at Masterton on Wednesday, Mr. J. Campbell presiding. The report and balance-sheet were adopted. The directors recommended the payment of a dividend. Trade was steady throughout the year and prices were well maintained. Mr. Mason and Mr. M'Donald were re-elected directors. The annual meeting of the Wellington Farmers' Meat Company was held at Masterton on Wednesday, Mr. J. Campbell presiding. The report and balance-sheet were adopted. The directors recommended the payment of a dividend. Trade was steady throughout the year and prices were well maintained. Mr. Mason and Mr. M'Donald were re-elected directors.
STEWART DAWSON AND CO., LTD., JEWELLERS, WELLINGTON
SALE PRICES.
Chesterfield Suites, £10/10/-. Oak Sideboards, £4/10/-. Duchess Pairs, £2/10/-. Wardrobes, £2/5/-. Couches, £1/10/-. Dining Tables, £1/10/-. High-back Chairs, 12/6. 7-piece Suites, in Velvet, £10/10/-.
RADFORD & CO.'S Great CLEARING SALE
NOW ON!
43, 45, 47 MANNERS STREET.
Furniture to be proud of!
The annual meeting of the Wellington Farmers' Meat Company was held at Masterton on Wednesday, Mr. J. Campbell presiding. The report and balance-sheet were adopted. The directors recommended the payment of a dividend. Trade was steady throughout the year and prices were well maintained. Mr. Mason and Mr. M'Donald were re-elected directors. The annual meeting of the Wellington Farmers' Meat Company was held at Masterton on Wednesday, Mr. J. Campbell presiding. The report and balance-sheet were adopted. The directors recommended the payment of a dividend. Trade was steady throughout the year and prices were well maintained. Mr. Mason and Mr. M'Donald were re-elected directors. The annual meeting of the Wellington Farmers' Meat Company was held at Masterton on Wednesday, Mr. J. Campbell presiding. The report and balance-sheet were adopted. The directors recommended the payment of a dividend. Trade was steady throughout the year and prices were well maintained. Mr. Mason and Mr. M'Donald were re-elected directors. The annual meeting of the Wellington Farmers' Meat Company was held at Masterton on Wednesday, Mr. J. Campbell presiding. The report and balance-sheet were adopted. The directors recommended the payment of a dividend. Trade was steady throughout the year and prices were well maintained. Mr. Mason and Mr. M'Donald were re-elected directors. The annual meeting of the Wellington Farmers' Meat Company was held at Masterton on Wednesday, Mr. J. Campbell presiding. The report and balance-sheet were adopted. The directors recommended the payment of a dividend. Trade was steady throughout the year and prices were well maintained. Mr. Mason and Mr. M'Donald were re-elected directors. The annual meeting of the Wellington Farmers' Meat Company was held at Masterton on Wednesday, Mr. J. Campbell presiding. The report and balance-sheet were adopted. The directors recommended the payment of a dividend. Trade was steady throughout the year and prices were well maintained. Mr. Mason and Mr. M'Donald were re-elected directors.
S. S. WILLIAMS AND CO., LTD.
117 Taranaki Street, WELLINGTON.
Your Child's Health-Builders— Strong, White Teeth
The annual meeting of the Wellington Farmers' Meat Company was held at Masterton on Wednesday, Mr. J. Campbell presiding. The report and balance-sheet were adopted. The directors recommended the payment of a dividend. Trade was steady throughout the year and prices were well maintained. Mr. Mason and Mr. M'Donald were re-elected directors. The annual meeting of the Wellington Farmers' Meat Company was held at Masterton on Wednesday, Mr. J. Campbell presiding. The report and balance-sheet were adopted. The directors recommended the payment of a dividend. Trade was steady throughout the year and prices were well maintained. Mr. Mason and Mr. M'Donald were re-elected directors. The annual meeting of the Wellington Farmers' Meat Company was held at Masterton on Wednesday, Mr. J. Campbell presiding. The report and balance-sheet were adopted. The directors recommended the payment of a dividend. Trade was steady throughout the year and prices were well maintained. Mr. Mason and Mr. M'Donald were re-elected directors. The annual meeting of the Wellington Farmers' Meat Company was held at Masterton on Wednesday, Mr. J. Campbell presiding. The report and balance-sheet were adopted. The directors recommended the payment of a dividend. Trade was steady throughout the year and prices were well maintained. Mr. Mason and Mr. M'Donald were re-elected directors. The annual meeting of the Wellington Farmers' Meat Company was held at Masterton on Wednesday, Mr. J. Campbell presiding. The report and balance-sheet were adopted. The directors recommended the payment of a dividend. Trade was steady throughout the year and prices were well maintained. Mr. Mason and Mr. M'Donald were re-elected directors. The annual meeting of the Wellington Farmers' Meat Company was held at Masterton on Wednesday, Mr. J. Campbell presiding. The report and balance-sheet were adopted. The directors recommended the payment of a dividend. Trade was steady throughout the year and prices were well maintained. Mr. Mason and Mr. M'Donald were re-elected directors.
Marsden & Chamberlain
THE DENTISTS
TRUE — PERFECT MESH — DEAD FLAT
The annual meeting of the Wellington Farmers' Meat Company was held at Masterton on Wednesday, Mr. J. Campbell presiding. The report and balance-sheet were adopted. The directors recommended the payment of a dividend. Trade was steady throughout the year and prices were well maintained. Mr. Mason and Mr. M'Donald were re-elected directors. The annual meeting of the Wellington Farmers' Meat Company was held at Masterton on Wednesday, Mr. J. Campbell presiding. The report and balance-sheet were adopted. The directors recommended the payment of a dividend. Trade was steady throughout the year and prices were well maintained. Mr. Mason and Mr. M'Donald were re-elected directors. The annual meeting of the Wellington Farmers' Meat Company was held at Masterton on Wednesday, Mr. J. Campbell presiding. The report and balance-sheet were adopted. The directors recommended the payment of a dividend. Trade was steady throughout the year and prices were well maintained. Mr. Mason and Mr. M'Donald were re-elected directors. The annual meeting of the Wellington Farmers' Meat Company was held at Masterton on Wednesday, Mr. J. Campbell presiding. The report and balance-sheet were adopted. The directors recommended the payment of a dividend. Trade was steady throughout the year and prices were well maintained. Mr. Mason and Mr. M'Donald were re-elected directors. The annual meeting of the Wellington Farmers' Meat Company was held at Masterton on Wednesday, Mr. J. Campbell presiding. The report and balance-sheet were adopted. The directors recommended the payment of a dividend. Trade was steady throughout the year and prices were well maintained. Mr. Mason and Mr. M'Donald were re-elected directors. The annual meeting of the Wellington Farmers' Meat Company was held at Masterton on Wednesday, Mr. J. Campbell presiding. The report and balance-sheet were adopted. The directors recommended the payment of a dividend. Trade was steady throughout the year and prices were well maintained. Mr. Mason and Mr. M'Donald were re-elected directors.
LYSAGHT'S "ORB" NETTING
THE BEST WIRE NETTING MADE
CHAS. A. CYPHER'S
NEW BUFFALO INCUBATORS.
The annual meeting of the Wellington Farmers' Meat Company was held at Masterton on Wednesday, Mr. J. Campbell presiding. The report and balance-sheet were adopted. The directors recommended the payment of a dividend. Trade was steady throughout the year and prices were well maintained. Mr. Mason and Mr. M'Donald were re-elected directors. The annual meeting of the Wellington Farmers' Meat Company was held at Masterton on Wednesday, Mr. J. Campbell presiding. The report and balance-sheet were adopted. The directors recommended the payment of a dividend. Trade was steady throughout the year and prices were well maintained. Mr. Mason and Mr. M'Donald were re-elected directors. The annual meeting of the Wellington Farmers' Meat Company was held at Masterton on Wednesday, Mr. J. Campbell presiding. The report and balance-sheet were adopted. The directors recommended the payment of a dividend. Trade was steady throughout the year and prices were well maintained. Mr. Mason and Mr. M'Donald were re-elected directors. The annual meeting of the Wellington Farmers' Meat Company was held at Masterton on Wednesday, Mr. J. Campbell presiding. The report and balance-sheet were adopted. The directors recommended the payment of a dividend. Trade was steady throughout the year and prices were well maintained. Mr. Mason and Mr. M'Donald were re-elected directors. The annual meeting of the Wellington Farmers' Meat Company was held at Masterton on Wednesday, Mr. J. Campbell presiding. The report and balance-sheet were adopted. The directors recommended the payment of a dividend. Trade was steady throughout the year and prices were well maintained. Mr. Mason and Mr. M'Donald were re-elected directors.
Stewart Timber, Glass & Hardware Co. Ltd
JONES AND CO.
The annual meeting of the Wellington Farmers' Meat Company was held at Masterton on Wednesday, Mr. J. Campbell presiding. The report and balance-sheet were adopted. The directors recommended the payment of a dividend. Trade was steady throughout the year and prices were well maintained. Mr. Mason and Mr. M'Donald were re-elected directors. The annual meeting of the Wellington Farmers' Meat Company was held at Masterton on Wednesday, Mr. J. Campbell presiding. The report and balance-sheet were adopted. The directors recommended the payment of a dividend. Trade was steady throughout the year and prices were well maintained. Mr. Mason and Mr. M'Donald were re-elected directors.
PATENTS
HIGGS & O'DONNELL
The annual meeting of the Wellington Farmers' Meat Company was held at Masterton on Wednesday, Mr. J. Campbell presiding. The report and balance-sheet were adopted. The directors recommended the payment of a dividend. Trade was steady throughout the year and prices were well maintained. Mr. Mason and Mr. M'Donald were re-elected directors. The annual meeting of the Wellington Farmers' Meat Company was held at Masterton on Wednesday, Mr. J. Campbell presiding. The report and balance-sheet were adopted. The directors recommended the payment of a dividend. Trade was steady throughout the year and prices were well maintained. Mr. Mason and Mr. M'Donald were re-elected directors.
FOR A GOOD PURE BEER DRINK ONLY
STAPLES'
The annual meeting of the Wellington Farmers' Meat Company was held at Masterton on Wednesday, Mr. J. Campbell presiding. The report and balance-sheet were adopted. The directors recommended the payment of a dividend. Trade was steady throughout the year and prices were well maintained. Mr. Mason and Mr. M'Donald were re-elected directors. The annual meeting of the Wellington Farmers' Meat Company was held at Masterton on Wednesday, Mr. J. Campbell presiding. The report and balance-sheet were adopted. The directors recommended the payment of a dividend. Trade was steady throughout the year and prices were well maintained. Mr. Mason and Mr. M'Donald were re-elected directors.
THE BEST.
